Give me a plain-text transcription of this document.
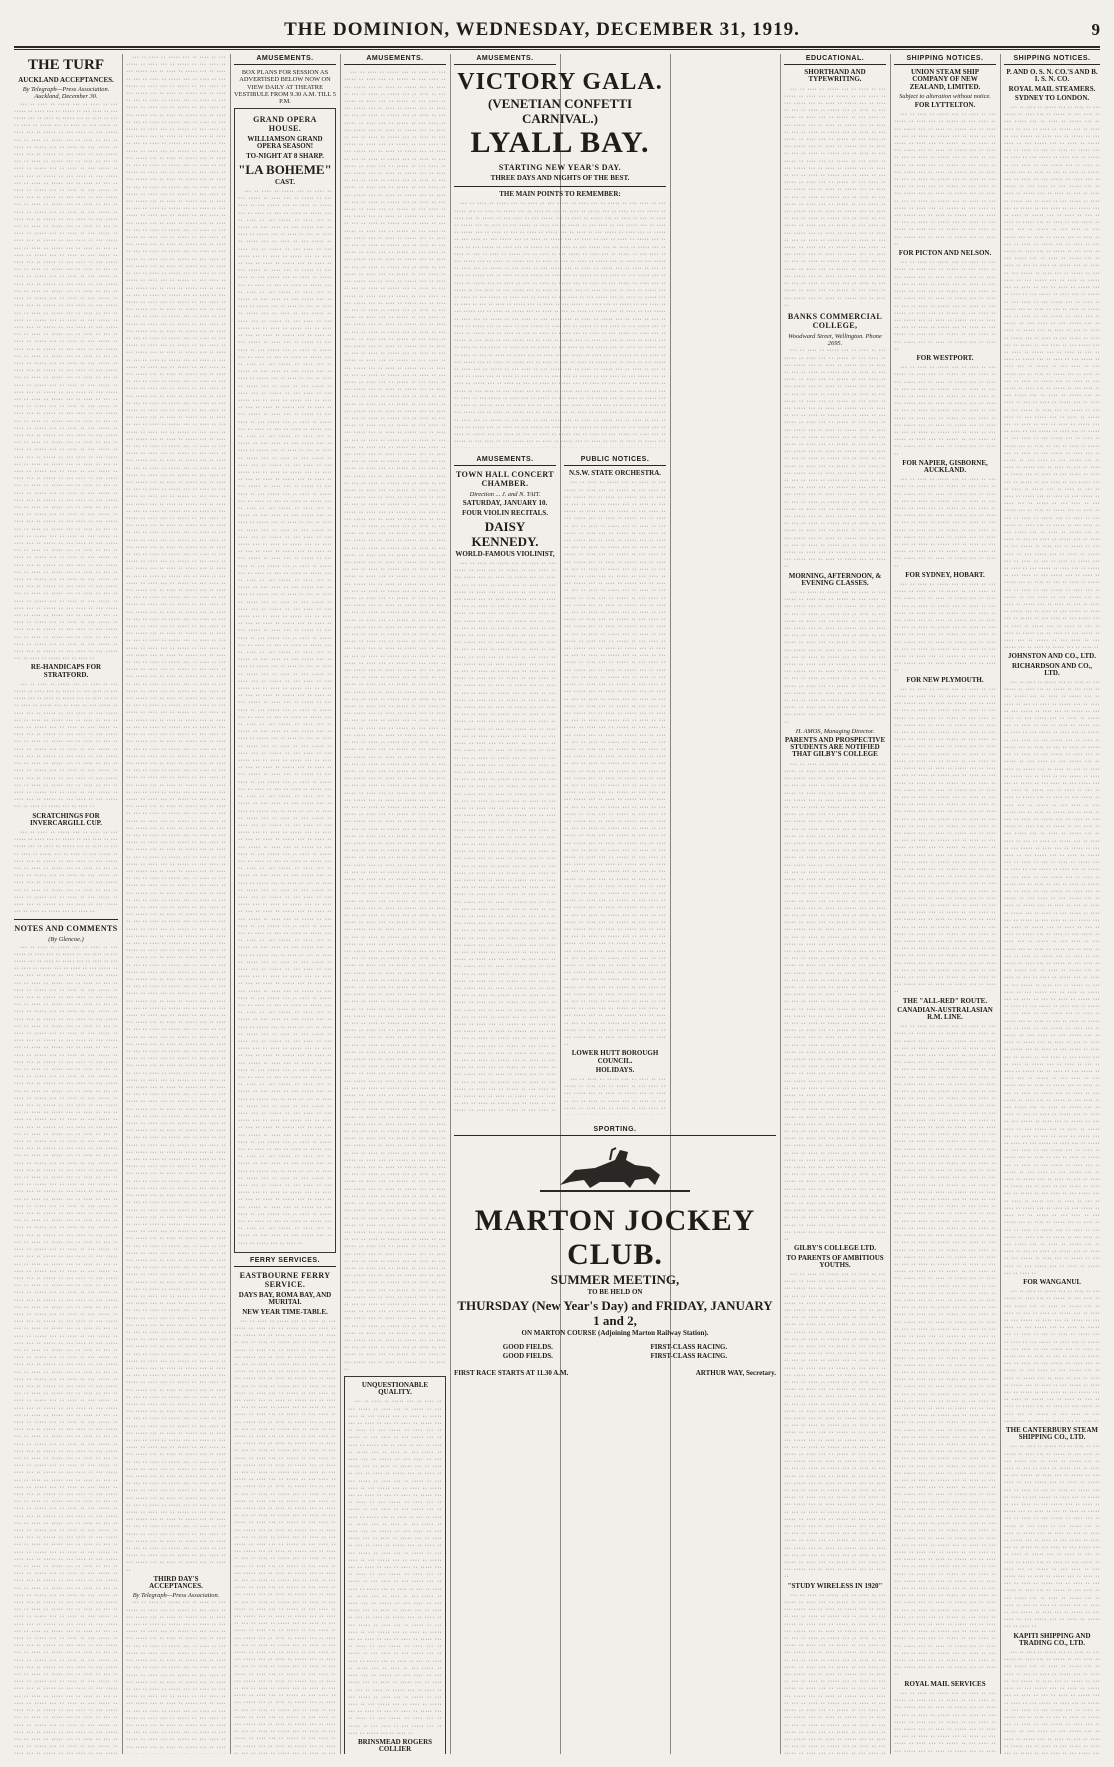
THE DOMINION, WEDNESDAY, DECEMBER 31, 1919.	9
THE TURF
AUCKLAND ACCEPTANCES.
By Telegraph—Press Association.
Auckland, December 30.

··· ·· ···· ·· ····· ··· ·· ···· ·· ··· ····· ·· ···· ··· ·· ····· ·· ··· ···· ·· ··· ····· ··· ·· ···· ·· ····· ··· ·· ···· ·· ··· ·· ···· ·· ····· ··· ·· ···· ·· ··· ····· ·· ···· ··· ·· ····· ·· ··· ···· ·· ··· ····· ··· ·· ···· ·· ····· ··· ·· ···· ·· ··· ·· ···· ·· ····· ··· ·· ···· ·· ··· ····· ·· ···· ··· ·· ····· ·· ··· ···· ·· ··· ····· ··· ·· ···· ·· ····· ··· ·· ···· ·· ··· ·· ···· ·· ····· ··· ·· ···· ·· ··· ····· ·· ···· ··· ·· ····· ·· ··· ···· ·· ··· ····· ··· ·· ···· ·· ····· ··· ·· ···· ·· ··· ·· ···· ·· ····· ··· ·· ···· ·· ··· ····· ·· ···· ··· ·· ····· ·· ··· ···· ·· ··· ····· ··· ·· ···· ·· ····· ··· ·· ···· ·· ··· ·· ···· ·· ····· ··· ·· ···· ·· ··· ····· ·· ···· ··· ·· ····· ·· ··· ···· ·· ··· ····· ··· ·· ···· ·· ····· ··· ·· ···· ·· ··· ·· ···· ·· ····· ··· ·· ···· ·· ··· ····· ·· ···· ··· ·· ····· ·· ··· ···· ·· ··· ····· ··· ·· ···· ·· ····· ··· ·· ···· ·· ··· ·· ···· ·· ····· ··· ·· ···· ·· ··· ····· ·· ···· ··· ·· ····· ·· ··· ···· ·· ··· ····· ··· ·· ···· ·· ····· ··· ·· ···· ·· ··· ·· ···· ·· ····· ··· ·· ···· ·· ··· ····· ·· ···· ··· ·· ····· ·· ··· ···· ·· ··· ····· ··· ·· ···· ·· ····· ··· ·· ···· ·· ··· ·· ···· ·· ····· ··· ·· ···· ·· ··· ····· ·· ···· ··· ·· ····· ·· ··· ···· ·· ··· ····· ··· ·· ···· ·· ····· ··· ·· ···· ·· ··· ·· ···· ·· ····· ··· ·· ···· ·· ··· ····· ·· ···· ··· ·· ····· ·· ··· ···· ·· ··· ····· ··· ·· ···· ·· ····· ··· ·· ···· ·· ··· ·· ···· ·· ····· ··· ·· ···· ·· ··· ····· ·· ···· ··· ·· ····· ·· ··· ···· ·· ··· ····· ··· ·· ···· ·· ····· ··· ·· ···· ·· ··· ·· ···· ·· ····· ··· ·· ···· ·· ··· ····· ·· ···· ··· ·· ····· ·· ··· ···· ·· ··· ····· ··· ·· ···· ·· ····· ··· ·· ···· ·· ··· ·· ···· ·· ····· ··· ·· ···· ·· ··· ····· ·· ···· ··· ·· ····· ·· ··· ···· ·· ··· ····· ··· ·· ···· ·· ····· ··· ·· ···· ·· ··· ·· ···· ·· ····· ··· ·· ···· ·· ··· ····· ·· ···· ··· ·· ····· ·· ··· ···· ·· ··· ····· ··· ·· ···· ·· ····· ··· ·· ···· ·· ··· ·· ···· ·· ····· ··· ·· ···· ·· ··· ····· ·· ···· ··· ·· ····· ·· ··· ···· ·· ··· ····· ··· ·· ···· ·· ····· ··· ·· ···· ·· ··· ·· ···· ·· ····· ··· ·· ···· ·· ··· ····· ·· ···· ··· ·· ····· ·· ··· ···· ·· ··· ····· ··· ·· ···· ·· ····· ··· ·· ···· ·· ··· ·· ···· ·· ····· ··· ·· ···· ·· ··· ····· ·· ···· ··· ·· ····· ·· ··· ···· ·· ··· ····· ··· ·· ···· ·· ····· ··· ·· ···· ·· ··· ·· ···· ·· ····· ··· ·· ···· ·· ··· ····· ·· ···· ··· ·· ····· ·· ··· ···· ·· ··· ····· ··· ·· ···· ·· ····· ··· ·· ···· ·· ··· ·· ···· ·· ····· ··· ·· ···· ·· ··· ····· ·· ···· ··· ·· ····· ·· ··· ···· ·· ··· ····· ··· ·· ···· ·· ····· ··· ·· ···· ·· ··· ·· ···· ·· ····· ··· ·· ···· ·· ··· ····· ·· ···· ··· ·· ····· ·· ··· ···· ·· ··· ····· ··· ·· ···· ·· ····· ··· ·· ···· ·· ··· ·· ···· ·· ····· ··· ·· ···· ·· ··· ····· ·· ···· ··· ·· ····· ·· ··· ···· ·· ··· ····· ··· ·· ···· ·· ····· ··· ·· ···· ·· ··· ·· ···· ·· ····· ··· ·· ···· ·· ··· ····· ·· ···· ··· ·· ····· ·· ··· ···· ·· ··· ····· ··· ·· ···· ·· ····· ··· ·· ···· ·· ··· ·· ···· ·· ····· ··· ·· ···· ·· ··· ····· ·· ···· ··· ·· ····· ·· ··· ···· ·· ··· ····· ··· ·· ···· ·· ····· ··· ·· ···· ·· ··· ·· ···· ·· ····· ··· ·· ···· ·· ··· ····· ·· ···· ··· ·· ····· ·· ··· ···· ·· ··· ····· ··· ·· ···· ·· ····· ··· ·· ···· ·· ··· ·· ···· ·· ····· ··· ·· ···· ·· ··· ····· ·· ···· ··· ·· ····· ·· ··· ···· ·· ··· ····· ··· ·· ···· ·· ····· ··· ·· ···· ··

RE-HANDICAPS FOR STRATFORD.

··· ·· ···· ·· ····· ··· ·· ···· ·· ··· ····· ·· ···· ··· ·· ····· ·· ··· ···· ·· ··· ····· ··· ·· ···· ·· ····· ··· ·· ···· ·· ··· ·· ···· ·· ····· ··· ·· ···· ·· ··· ····· ·· ···· ··· ·· ····· ·· ··· ···· ·· ··· ····· ··· ·· ···· ·· ····· ··· ·· ···· ·· ··· ·· ···· ·· ····· ··· ·· ···· ·· ··· ····· ·· ···· ··· ·· ····· ·· ··· ···· ·· ··· ····· ··· ·· ···· ·· ····· ··· ·· ···· ·· ··· ·· ···· ·· ····· ··· ·· ···· ·· ··· ····· ·· ···· ··· ·· ····· ·· ··· ···· ·· ··· ····· ··· ·· ···· ·· ····· ··· ·· ···· ·· ··· ·· ···· ·· ····· ··· ·· ···· ·· ··· ····· ·· ···· ··· ·· ····· ·· ··· ···· ·· ··· ····· ··· ·· ···· ·· ····· ··· ·· ···· ·· ··· ·· ···· ·· ····· ··· ·· ···· ·· ··· ····· ·· ···· ··· ·· ····· ·· ··· ···· ·· ··· ····· ··· ·· ···· ·· ····· ··· ·· ···· ··

SCRATCHINGS FOR INVERCARGILL CUP.

··· ·· ···· ·· ····· ··· ·· ···· ·· ··· ····· ·· ···· ··· ·· ····· ·· ··· ···· ·· ··· ····· ··· ·· ···· ·· ····· ··· ·· ···· ·· ··· ·· ···· ·· ····· ··· ·· ···· ·· ··· ····· ·· ···· ··· ·· ····· ·· ··· ···· ·· ··· ····· ··· ·· ···· ·· ····· ··· ·· ···· ·· ··· ·· ···· ·· ····· ··· ·· ···· ·· ··· ····· ·· ···· ··· ·· ····· ·· ··· ···· ·· ··· ····· ··· ·· ···· ·· ····· ··· ·· ···· ·· ··· ·· ···· ·· ····· ··· ·· ···· ·· ··· ····· ·· ···· ··· ·· ····· ·· ··· ···· ·· ··· ····· ··· ·· ···· ·· ····· ··· ·· ···· ··

NOTES AND COMMENTS
(By Glencoe.)

··· ·· ···· ·· ····· ··· ·· ···· ·· ··· ····· ·· ···· ··· ·· ····· ·· ··· ···· ·· ··· ····· ··· ·· ···· ·· ····· ··· ·· ···· ·· ··· ·· ···· ·· ····· ··· ·· ···· ·· ··· ····· ·· ···· ··· ·· ····· ·· ··· ···· ·· ··· ····· ··· ·· ···· ·· ····· ··· ·· ···· ·· ··· ·· ···· ·· ····· ··· ·· ···· ·· ··· ····· ·· ···· ··· ·· ····· ·· ··· ···· ·· ··· ····· ··· ·· ···· ·· ····· ··· ·· ···· ·· ··· ·· ···· ·· ····· ··· ·· ···· ·· ··· ····· ·· ···· ··· ·· ····· ·· ··· ···· ·· ··· ····· ··· ·· ···· ·· ····· ··· ·· ···· ·· ··· ·· ···· ·· ····· ··· ·· ···· ·· ··· ····· ·· ···· ··· ·· ····· ·· ··· ···· ·· ··· ····· ··· ·· ···· ·· ····· ··· ·· ···· ·· ··· ·· ···· ·· ····· ··· ·· ···· ·· ··· ····· ·· ···· ··· ·· ····· ·· ··· ···· ·· ··· ····· ··· ·· ···· ·· ····· ··· ·· ···· ·· ··· ·· ···· ·· ····· ··· ·· ···· ·· ··· ····· ·· ···· ··· ·· ····· ·· ··· ···· ·· ··· ····· ··· ·· ···· ·· ····· ··· ·· ···· ·· ··· ·· ···· ·· ····· ··· ·· ···· ·· ··· ····· ·· ···· ··· ·· ····· ·· ··· ···· ·· ··· ····· ··· ·· ···· ·· ····· ··· ·· ···· ·· ··· ·· ···· ·· ····· ··· ·· ···· ·· ··· ····· ·· ···· ··· ·· ····· ·· ··· ···· ·· ··· ····· ··· ·· ···· ·· ····· ··· ·· ···· ·· ··· ·· ···· ·· ····· ··· ·· ···· ·· ··· ····· ·· ···· ··· ·· ····· ·· ··· ···· ·· ··· ····· ··· ·· ···· ·· ····· ··· ·· ···· ·· ··· ·· ···· ·· ····· ··· ·· ···· ·· ··· ····· ·· ···· ··· ·· ····· ·· ··· ···· ·· ··· ····· ··· ·· ···· ·· ····· ··· ·· ···· ·· ··· ·· ···· ·· ····· ··· ·· ···· ·· ··· ····· ·· ···· ··· ·· ····· ·· ··· ···· ·· ··· ····· ··· ·· ···· ·· ····· ··· ·· ···· ·· ··· ·· ···· ·· ····· ··· ·· ···· ·· ··· ····· ·· ···· ··· ·· ····· ·· ··· ···· ·· ··· ····· ··· ·· ···· ·· ····· ··· ·· ···· ·· ··· ·· ···· ·· ····· ··· ·· ···· ·· ··· ····· ·· ···· ··· ·· ····· ·· ··· ···· ·· ··· ····· ··· ·· ···· ·· ····· ··· ·· ···· ·· ··· ·· ···· ·· ····· ··· ·· ···· ·· ··· ····· ·· ···· ··· ·· ····· ·· ··· ···· ·· ··· ····· ··· ·· ···· ·· ····· ··· ·· ···· ·· ··· ·· ···· ·· ····· ··· ·· ···· ·· ··· ····· ·· ···· ··· ·· ····· ·· ··· ···· ·· ··· ····· ··· ·· ···· ·· ····· ··· ·· ···· ·· ··· ·· ···· ·· ····· ··· ·· ···· ·· ··· ····· ·· ···· ··· ·· ····· ·· ··· ···· ·· ··· ····· ··· ·· ···· ·· ····· ··· ·· ···· ·· ··· ·· ···· ·· ····· ··· ·· ···· ·· ··· ····· ·· ···· ··· ·· ····· ·· ··· ···· ·· ··· ····· ··· ·· ···· ·· ····· ··· ·· ···· ·· ··· ·· ···· ·· ····· ··· ·· ···· ·· ··· ····· ·· ···· ··· ·· ····· ·· ··· ···· ·· ··· ····· ··· ·· ···· ·· ····· ··· ·· ···· ·· ··· ·· ···· ·· ····· ··· ·· ···· ·· ··· ····· ·· ···· ··· ·· ····· ·· ··· ···· ·· ··· ····· ··· ·· ···· ·· ····· ··· ·· ···· ·· ··· ·· ···· ·· ····· ··· ·· ···· ·· ··· ····· ·· ···· ··· ·· ····· ·· ··· ···· ·· ··· ····· ··· ·· ···· ·· ····· ··· ·· ···· ·· ··· ·· ···· ·· ····· ··· ·· ···· ·· ··· ····· ·· ···· ··· ·· ····· ·· ··· ···· ·· ··· ····· ··· ·· ···· ·· ····· ··· ·· ···· ·· ··· ·· ···· ·· ····· ··· ·· ···· ·· ··· ····· ·· ···· ··· ·· ····· ·· ··· ···· ·· ··· ····· ··· ·· ···· ·· ····· ··· ·· ···· ·· ··· ·· ···· ·· ····· ··· ·· ···· ·· ··· ····· ·· ···· ··· ·· ····· ·· ··· ···· ·· ··· ····· ··· ·· ···· ·· ····· ··· ·· ···· ·· ··· ·· ···· ·· ····· ··· ·· ···· ·· ··· ····· ·· ···· ··· ·· ····· ·· ··· ···· ·· ··· ····· ··· ·· ···· ·· ····· ··· ·· ···· ·· ··· ·· ···· ·· ····· ··· ·· ···· ·· ··· ····· ·· ···· ··· ·· ····· ·· ··· ···· ·· ··· ····· ··· ·· ···· ·· ····· ··· ·· ···· ·· ··· ·· ···· ·· ····· ··· ·· ···· ·· ··· ····· ·· ···· ··· ·· ····· ·· ··· ···· ·· ··· ····· ··· ·· ···· ·· ····· ··· ·· ···· ·· ··· ·· ···· ·· ····· ··· ·· ···· ·· ··· ····· ·· ···· ··· ·· ····· ·· ··· ···· ·· ··· ····· ··· ·· ···· ·· ····· ··· ·· ···· ·· ··· ·· ···· ·· ····· ··· ·· ···· ·· ··· ····· ·· ···· ··· ·· ····· ·· ··· ···· ·· ··· ····· ··· ·· ···· ·· ····· ··· ·· ···· ·· ··· ·· ···· ·· ····· ··· ·· ···· ·· ··· ····· ·· ···· ··· ·· ····· ·· ··· ···· ·· ··· ····· ··· ·· ···· ·· ····· ··· ·· ···· ·· ··· ·· ···· ·· ····· ··· ·· ···· ·· ··· ····· ·· ···· ··· ·· ····· ·· ··· ···· ·· ··· ····· ··· ·· ···· ·· ····· ··· ·· ···· ·· ··· ·· ···· ·· ····· ··· ·· ···· ·· ··· ····· ·· ···· ··· ·· ····· ·· ··· ···· ·· ··· ····· ··· ·· ···· ·· ····· ··· ·· ···· ·· ··· ·· ···· ·· ····· ··· ·· ···· ·· ··· ····· ·· ···· ··· ·· ····· ·· ··· ···· ·· ··· ····· ··· ·· ···· ·· ····· ··· ·· ···· ·· ··· ·· ···· ·· ····· ··· ·· ···· ·· ··· ····· ·· ···· ··· ·· ····· ·· ··· ···· ·· ··· ····· ··· ·· ···· ·· ····· ··· ·· ···· ·· ··· ·· ···· ·· ····· ··· ·· ···· ·· ··· ····· ·· ···· ··· ·· ····· ·· ··· ···· ·· ··· ····· ··· ·· ···· ·· ····· ··· ·· ···· ·· ··· ·· ···· ·· ····· ··· ·· ···· ·· ··· ····· ·· ···· ··· ·· ····· ·· ··· ···· ·· ··· ····· ··· ·· ···· ·· ····· ··· ·· ···· ·· ··· ·· ···· ·· ····· ··· ·· ···· ·· ··· ····· ·· ···· ··· ·· ····· ·· ··· ···· ·· ··· ····· ··· ·· ···· ·· ····· ··· ·· ···· ·· ··· ·· ···· ·· ····· ··· ·· ···· ·· ··· ····· ·· ···· ··· ·· ····· ·· ··· ···· ·· ··· ·····

··· ·· ···· ·· ····· ··· ·· ···· ·· ··· ····· ·· ···· ··· ·· ····· ·· ··· ···· ·· ··· ····· ··· ·· ···· ·· ····· ··· ·· ···· ·· ··· ·· ···· ·· ····· ··· ·· ···· ·· ··· ····· ·· ···· ··· ·· ····· ·· ··· ···· ·· ··· ····· ··· ·· ···· ·· ····· ··· ·· ···· ·· ··· ·· ···· ·· ····· ··· ·· ···· ·· ··· ····· ·· ···· ··· ·· ····· ·· ··· ···· ·· ··· ····· ··· ·· ···· ·· ····· ··· ·· ···· ·· ··· ·· ···· ·· ····· ··· ·· ···· ·· ··· ····· ·· ···· ··· ·· ····· ·· ··· ···· ·· ··· ····· ··· ·· ···· ·· ····· ··· ·· ···· ·· ··· ·· ···· ·· ····· ··· ·· ···· ·· ··· ····· ·· ···· ··· ·· ····· ·· ··· ···· ·· ··· ····· ··· ·· ···· ·· ····· ··· ·· ···· ·· ··· ·· ···· ·· ····· ··· ·· ···· ·· ··· ····· ·· ···· ··· ·· ····· ·· ··· ···· ·· ··· ····· ··· ·· ···· ·· ····· ··· ·· ···· ·· ··· ·· ···· ·· ····· ··· ·· ···· ·· ··· ····· ·· ···· ··· ·· ····· ·· ··· ···· ·· ··· ····· ··· ·· ···· ·· ····· ··· ·· ···· ·· ··· ·· ···· ·· ····· ··· ·· ···· ·· ··· ····· ·· ···· ··· ·· ····· ·· ··· ···· ·· ··· ····· ··· ·· ···· ·· ····· ··· ·· ···· ·· ··· ·· ···· ·· ····· ··· ·· ···· ·· ··· ····· ·· ···· ··· ·· ····· ·· ··· ···· ·· ··· ····· ··· ·· ···· ·· ····· ··· ·· ···· ·· ··· ·· ···· ·· ····· ··· ·· ···· ·· ··· ····· ·· ···· ··· ·· ····· ·· ··· ···· ·· ··· ····· ··· ·· ···· ·· ····· ··· ·· ···· ·· ··· ·· ···· ·· ····· ··· ·· ···· ·· ··· ····· ·· ···· ··· ·· ····· ·· ··· ···· ·· ··· ····· ··· ·· ···· ·· ····· ··· ·· ···· ·· ··· ·· ···· ·· ····· ··· ·· ···· ·· ··· ····· ·· ···· ··· ·· ····· ·· ··· ···· ·· ··· ····· ··· ·· ···· ·· ····· ··· ·· ···· ·· ··· ·· ···· ·· ····· ··· ·· ···· ·· ··· ····· ·· ···· ··· ·· ····· ·· ··· ···· ·· ··· ····· ··· ·· ···· ·· ····· ··· ·· ···· ·· ··· ·· ···· ·· ····· ··· ·· ···· ·· ··· ····· ·· ···· ··· ·· ····· ·· ··· ···· ·· ··· ····· ··· ·· ···· ·· ····· ··· ·· ···· ·· ··· ·· ···· ·· ····· ··· ·· ···· ·· ··· ····· ·· ···· ··· ·· ····· ·· ··· ···· ·· ··· ····· ··· ·· ···· ·· ····· ··· ·· ···· ·· ··· ·· ···· ·· ····· ··· ·· ···· ·· ··· ····· ·· ···· ··· ·· ····· ·· ··· ···· ·· ··· ····· ··· ·· ···· ·· ····· ··· ·· ···· ·· ··· ·· ···· ·· ····· ··· ·· ···· ·· ··· ····· ·· ···· ··· ·· ····· ·· ··· ···· ·· ··· ····· ··· ·· ···· ·· ····· ··· ·· ···· ·· ··· ·· ···· ·· ····· ··· ·· ···· ·· ··· ····· ·· ···· ··· ·· ····· ·· ··· ···· ·· ··· ····· ··· ·· ···· ·· ····· ··· ·· ···· ·· ··· ·· ···· ·· ····· ··· ·· ···· ·· ··· ····· ·· ···· ··· ·· ····· ·· ··· ···· ·· ··· ····· ··· ·· ···· ·· ····· ··· ·· ···· ·· ··· ·· ···· ·· ····· ··· ·· ···· ·· ··· ····· ·· ···· ··· ·· ····· ·· ··· ···· ·· ··· ····· ··· ·· ···· ·· ····· ··· ·· ···· ·· ··· ·· ···· ·· ····· ··· ·· ···· ·· ··· ····· ·· ···· ··· ·· ····· ·· ··· ···· ·· ··· ····· ··· ·· ···· ·· ····· ··· ·· ···· ·· ··· ·· ···· ·· ····· ··· ·· ···· ·· ··· ····· ·· ···· ··· ·· ····· ·· ··· ···· ·· ··· ····· ··· ·· ···· ·· ····· ··· ·· ···· ·· ··· ·· ···· ·· ····· ··· ·· ···· ·· ··· ····· ·· ···· ··· ·· ····· ·· ··· ···· ·· ··· ····· ··· ·· ···· ·· ····· ··· ·· ···· ·· ··· ·· ···· ·· ····· ··· ·· ···· ·· ··· ····· ·· ···· ··· ·· ····· ·· ··· ···· ·· ··· ····· ··· ·· ···· ·· ····· ··· ·· ···· ·· ··· ·· ···· ·· ····· ··· ·· ···· ·· ··· ····· ·· ···· ··· ·· ····· ·· ··· ···· ·· ··· ····· ··· ·· ···· ·· ····· ··· ·· ···· ·· ··· ·· ···· ·· ····· ··· ·· ···· ·· ··· ····· ·· ···· ··· ·· ····· ·· ··· ···· ·· ··· ····· ··· ·· ···· ·· ····· ··· ·· ···· ·· ··· ·· ···· ·· ····· ··· ·· ···· ·· ··· ····· ·· ···· ··· ·· ····· ·· ··· ···· ·· ··· ····· ··· ·· ···· ·· ····· ··· ·· ···· ·· ··· ·· ···· ·· ····· ··· ·· ···· ·· ··· ····· ·· ···· ··· ·· ····· ·· ··· ···· ·· ··· ····· ··· ·· ···· ·· ····· ··· ·· ···· ·· ··· ·· ···· ·· ····· ··· ·· ···· ·· ··· ····· ·· ···· ··· ·· ····· ·· ··· ···· ·· ··· ····· ··· ·· ···· ·· ····· ··· ·· ···· ·· ··· ·· ···· ·· ····· ··· ·· ···· ·· ··· ····· ·· ···· ··· ·· ····· ·· ··· ···· ·· ··· ····· ··· ·· ···· ·· ····· ··· ·· ···· ·· ··· ·· ···· ·· ····· ··· ·· ···· ·· ··· ····· ·· ···· ··· ·· ····· ·· ··· ···· ·· ··· ····· ··· ·· ···· ·· ····· ··· ·· ···· ·· ··· ·· ···· ·· ····· ··· ·· ···· ·· ··· ····· ·· ···· ··· ·· ····· ·· ··· ···· ·· ··· ····· ··· ·· ···· ·· ····· ··· ·· ···· ·· ··· ·· ···· ·· ····· ··· ·· ···· ·· ··· ····· ·· ···· ··· ·· ····· ·· ··· ···· ·· ··· ····· ··· ·· ···· ·· ····· ··· ·· ···· ·· ··· ·· ···· ·· ····· ··· ·· ···· ·· ··· ····· ·· ···· ··· ·· ····· ·· ··· ···· ·· ··· ····· ··· ·· ···· ·· ····· ··· ·· ···· ·· ··· ·· ···· ·· ····· ··· ·· ···· ·· ··· ····· ·· ···· ··· ·· ····· ·· ··· ···· ·· ··· ····· ··· ·· ···· ·· ····· ··· ·· ···· ·· ··· ·· ···· ·· ····· ··· ·· ···· ·· ··· ····· ·· ···· ··· ·· ····· ·· ··· ···· ·· ··· ····· ··· ·· ···· ·· ····· ··· ·· ···· ·· ··· ·· ···· ·· ····· ··· ·· ···· ·· ··· ····· ·· ···· ··· ·· ····· ·· ··· ···· ·· ··· ····· ··· ·· ···· ·· ····· ··· ·· ···· ·· ··· ·· ···· ·· ····· ··· ·· ···· ·· ··· ····· ·· ···· ··· ·· ····· ·· ··· ···· ·· ··· ····· ··· ·· ···· ·· ····· ··· ·· ···· ·· ··· ·· ···· ·· ····· ··· ·· ···· ·· ··· ····· ·· ···· ··· ·· ····· ·· ··· ···· ·· ··· ····· ··· ·· ···· ·· ····· ··· ·· ···· ·· ··· ·· ···· ·· ····· ··· ·· ···· ·· ··· ····· ·· ···· ··· ·· ····· ·· ··· ···· ·· ··· ····· ··· ·· ···· ·· ····· ··· ·· ···· ·· ··· ·· ···· ·· ····· ··· ·· ···· ·· ··· ····· ·· ···· ··· ·· ····· ·· ··· ···· ·· ··· ····· ··· ·· ···· ·· ····· ··· ·· ···· ·· ··· ·· ···· ·· ····· ··· ·· ···· ·· ··· ····· ·· ···· ··· ·· ····· ·· ··· ···· ·· ··· ····· ··· ·· ···· ·· ····· ··· ·· ···· ·· ··· ·· ···· ·· ····· ··· ·· ···· ·· ··· ····· ·· ···· ··· ·· ····· ·· ··· ···· ·· ··· ····· ··· ·· ···· ·· ····· ··· ·· ···· ·· ··· ·· ···· ·· ····· ··· ·· ···· ·· ··· ····· ·· ···· ··· ·· ····· ·· ··· ···· ·· ··· ····· ··· ·· ···· ·· ····· ··· ·· ···· ·· ··· ·· ···· ·· ····· ··· ·· ···· ·· ··· ····· ·· ···· ··· ·· ····· ·· ··· ···· ·· ··· ····· ··· ·· ···· ·· ····· ··· ·· ···· ·· ··· ·· ···· ·· ····· ··· ·· ···· ·· ··· ····· ·· ···· ··· ·· ····· ·· ··· ···· ·· ··· ····· ··· ·· ···· ·· ····· ··· ·· ···· ·· ··· ·· ···· ·· ····· ··· ·· ···· ·· ··· ····· ·· ···· ··· ·· ····· ·· ··· ···· ·· ··· ····· ··· ·· ···· ·· ····· ··· ·· ···· ·· ··· ·· ···· ·· ····· ··· ·· ···· ·· ··· ····· ·· ···· ··· ·· ····· ·· ··· ···· ·· ··· ····· ··· ·· ···· ·· ····· ··· ·· ···· ·· ··· ·· ···· ·· ····· ··· ·· ···· ·· ··· ····· ·· ···· ··· ·· ····· ·· ··· ···· ·· ··· ····· ··· ·· ···· ·· ····· ··· ·· ···· ·· ··· ·· ···· ·· ····· ··· ·· ···· ·· ··· ····· ·· ···· ··· ·· ····· ·· ··· ···· ·· ··· ····· ··· ·· ···· ·· ····· ··· ·· ···· ·· ··· ·· ···· ·· ····· ··· ·· ···· ·· ··· ····· ·· ···· ··· ·· ····· ·· ··· ···· ·· ··· ····· ··· ·· ···· ·· ····· ··· ·· ···· ·· ··· ·· ···· ·· ····· ··· ·· ···· ·· ··· ····· ·· ···· ··· ·· ····· ·· ··· ···· ·· ··· ····· ··· ·· ···· ·· ····· ··· ·· ···· ·· ··· ·· ···· ·· ····· ··· ·· ···· ·· ··· ····· ·· ···· ··· ·· ····· ·· ··· ···· ·· ··· ····· ··· ·· ···· ·· ····· ··· ·· ···· ·· ··· ·· ···· ·· ····· ··· ·· ···· ·· ··· ····· ·· ···· ··· ·· ····· ·· ··· ···· ·· ··· ····· ··· ·· ···· ·· ····· ··· ·· ···· ·· ··· ·· ···· ·· ····· ··· ·· ···· ·· ··· ····· ·· ···· ··· ·· ····· ·· ··· ···· ·· ··· ····· ··· ·· ···· ·· ····· ··· ·· ···· ·· ··· ·· ···· ·· ····· ··· ·· ···· ·· ··· ····· ·· ···· ··· ·· ····· ·· ··· ···· ·· ··· ····· ··· ·· ···· ·· ····· ··· ·· ···· ·· ··· ·· ···· ·· ····· ··· ·· ···· ·· ··· ····· ·· ···· ··· ·· ····· ·· ··· ···· ·· ··· ····· ··· ·· ···· ·· ····· ··· ·· ···· ·· ··· ·· ···· ·· ····· ··· ·· ···· ·· ··· ····· ·· ···· ··· ·· ····· ·· ··· ···· ·· ··· ····· ··· ·· ···· ·· ····· ··· ·· ···· ·· ··· ·· ···· ·· ····· ··· ·· ···· ·· ··· ····· ·· ···· ··· ·· ····· ·· ··· ···· ·· ··· ····· ··· ·· ···· ·· ····· ··· ·· ···· ·· ··· ·· ···· ·· ····· ··· ·· ···· ·· ··· ····· ·· ···· ··· ·· ····· ·· ··· ···· ·· ··· ····· ··· ·· ···· ·· ····· ··· ·· ···· ·· ··· ·· ···· ·· ····· ··· ·· ···· ·· ··· ····· ·· ···· ··· ·· ····· ·· ··· ···· ·· ··· ····· ··· ·· ···· ·· ····· ··· ·· ···· ·· ··· ·· ···· ·· ····· ··· ·· ···· ·· ··· ····· ·· ···· ··· ·· ····· ·· ··· ···· ·· ··· ····· ··· ·· ···· ·· ····· ··· ·· ···· ·· ··· ·· ···· ·· ····· ··· ·· ···· ·· ··· ····· ·· ···· ··· ·· ····· ·· ··· ···· ·· ··· ····· ··· ·· ···· ·· ····· ··· ·· ···· ·· ··· ·· ···· ·· ····· ··· ·· ···· ·· ··· ····· ·· ···· ··· ·· ····· ·· ··· ···· ·· ··· ····· ··· ·· ···· ·· ····· ··· ·· ···· ·· ··· ·· ···· ·· ····· ··· ·· ···· ·· ··· ····· ·· ···· ··· ·· ····· ·· ··· ···· ·· ··· ····· ··· ·· ···· ·· ····· ··· ·· ···· ·· ··· ·· ···· ·· ····· ··· ·· ···· ·· ··· ····· ·· ···· ··· ·· ····· ·· ··· ···· ·· ··· ····· ··· ·· ···· ·· ····· ··· ·· ···· ·· ··· ·· ···· ·· ····· ··· ·· ···· ·· ··· ····· ·· ···· ··· ·· ····· ·· ··· ···· ·· ··· ····· ··· ·· ···· ·· ····· ··· ·· ···· ·· ··· ·· ···· ·· ····· ··· ·· ···· ·· ··· ····· ·· ···· ··· ·· ····· ·· ··· ···· ·· ··· ····· ··· ·· ···· ·· ····· ··· ·· ···· ·· ··· ·· ···· ·· ····· ··· ·· ···· ·· ··· ····· ·· ···· ··· ·· ····· ·· ··· ···· ·· ··· ····· ··· ·· ···· ·· ····· ··· ·· ···· ·· ··· ·· ···· ·· ····· ··· ·· ···· ·· ··· ····· ·· ···· ··· ·· ····· ·· ··· ···· ·· ··· ····· ··· ·· ···· ·· ····· ··· ·· ···· ··

THIRD DAY'S ACCEPTANCES.
By Telegraph—Press Association.

··· ·· ···· ·· ····· ··· ·· ···· ·· ··· ····· ·· ···· ··· ·· ····· ·· ··· ···· ·· ··· ····· ··· ·· ···· ·· ····· ··· ·· ···· ·· ··· ·· ···· ·· ····· ··· ·· ···· ·· ··· ····· ·· ···· ··· ·· ····· ·· ··· ···· ·· ··· ····· ··· ·· ···· ·· ····· ··· ·· ···· ·· ··· ·· ···· ·· ····· ··· ·· ···· ·· ··· ····· ·· ···· ··· ·· ····· ·· ··· ···· ·· ··· ····· ··· ·· ···· ·· ····· ··· ·· ···· ·· ··· ·· ···· ·· ····· ··· ·· ···· ·· ··· ····· ·· ···· ··· ·· ····· ·· ··· ···· ·· ··· ····· ··· ·· ···· ·· ····· ··· ·· ···· ·· ··· ·· ···· ·· ····· ··· ·· ···· ·· ··· ····· ·· ···· ··· ·· ····· ·· ··· ···· ·· ··· ····· ··· ·· ···· ·· ····· ··· ·· ···· ·· ··· ·· ···· ·· ····· ··· ·· ···· ·· ··· ····· ·· ···· ··· ·· ····· ·· ··· ···· ·· ··· ····· ··· ·· ···· ·· ····· ··· ·· ···· ·· ··· ·· ···· ·· ····· ··· ·· ···· ·· ··· ····· ·· ···· ··· ·· ····· ·· ··· ···· ·· ··· ····· ··· ·· ···· ·· ····· ··· ·· ····

AMUSEMENTS.
BOX PLANS FOR SESSION AS ADVERTISED BELOW NOW ON VIEW DAILY AT THEATRE VESTIBULE FROM 9.30 A.M. TILL 5 P.M.
GRAND OPERA HOUSE.
WILLIAMSON GRAND OPERA SEASON!
TO-NIGHT AT 8 SHARP.
"LA BOHEME"
CAST.

··· ·· ···· ·· ····· ··· ·· ···· ·· ··· ····· ·· ···· ··· ·· ····· ·· ··· ···· ·· ··· ····· ··· ·· ···· ·· ····· ··· ·· ···· ·· ··· ·· ···· ·· ····· ··· ·· ···· ·· ··· ····· ·· ···· ··· ·· ····· ·· ··· ···· ·· ··· ····· ··· ·· ···· ·· ····· ··· ·· ···· ·· ··· ·· ···· ·· ····· ··· ·· ···· ·· ··· ····· ·· ···· ··· ·· ····· ·· ··· ···· ·· ··· ····· ··· ·· ···· ·· ····· ··· ·· ···· ·· ··· ·· ···· ·· ····· ··· ·· ···· ·· ··· ····· ·· ···· ··· ·· ····· ·· ··· ···· ·· ··· ····· ··· ·· ···· ·· ····· ··· ·· ···· ·· ··· ·· ···· ·· ····· ··· ·· ···· ·· ··· ····· ·· ···· ··· ·· ····· ·· ··· ···· ·· ··· ····· ··· ·· ···· ·· ····· ··· ·· ···· ·· ··· ·· ···· ·· ····· ··· ·· ···· ·· ··· ····· ·· ···· ··· ·· ····· ·· ··· ···· ·· ··· ····· ··· ·· ···· ·· ····· ··· ·· ···· ·· ··· ·· ···· ·· ····· ··· ·· ···· ·· ··· ····· ·· ···· ··· ·· ····· ·· ··· ···· ·· ··· ····· ··· ·· ···· ·· ····· ··· ·· ···· ·· ··· ·· ···· ·· ····· ··· ·· ···· ·· ··· ····· ·· ···· ··· ·· ····· ·· ··· ···· ·· ··· ····· ··· ·· ···· ·· ····· ··· ·· ···· ·· ··· ·· ···· ·· ····· ··· ·· ···· ·· ··· ····· ·· ···· ··· ·· ····· ·· ··· ···· ·· ··· ····· ··· ·· ···· ·· ····· ··· ·· ···· ·· ··· ·· ···· ·· ····· ··· ·· ···· ·· ··· ····· ·· ···· ··· ·· ····· ·· ··· ···· ·· ··· ····· ··· ·· ···· ·· ····· ··· ·· ···· ·· ··· ·· ···· ·· ····· ··· ·· ···· ·· ··· ····· ·· ···· ··· ·· ····· ·· ··· ···· ·· ··· ····· ··· ·· ···· ·· ····· ··· ·· ···· ·· ··· ·· ···· ·· ····· ··· ·· ···· ·· ··· ····· ·· ···· ··· ·· ····· ·· ··· ···· ·· ··· ····· ··· ·· ···· ·· ····· ··· ·· ···· ·· ··· ·· ···· ·· ····· ··· ·· ···· ·· ··· ····· ·· ···· ··· ·· ····· ·· ··· ···· ·· ··· ····· ··· ·· ···· ·· ····· ··· ·· ···· ·· ··· ·· ···· ·· ····· ··· ·· ···· ·· ··· ····· ·· ···· ··· ·· ····· ·· ··· ···· ·· ··· ····· ··· ·· ···· ·· ····· ··· ·· ···· ·· ··· ·· ···· ·· ····· ··· ·· ···· ·· ··· ····· ·· ···· ··· ·· ····· ·· ··· ···· ·· ··· ····· ··· ·· ···· ·· ····· ··· ·· ···· ·· ··· ·· ···· ·· ····· ··· ·· ···· ·· ··· ····· ·· ···· ··· ·· ····· ·· ··· ···· ·· ··· ····· ··· ·· ···· ·· ····· ··· ·· ···· ·· ··· ·· ···· ·· ····· ··· ·· ···· ·· ··· ····· ·· ···· ··· ·· ····· ·· ··· ···· ·· ··· ····· ··· ·· ···· ·· ····· ··· ·· ···· ·· ··· ·· ···· ·· ····· ··· ·· ···· ·· ··· ····· ·· ···· ··· ·· ····· ·· ··· ···· ·· ··· ····· ··· ·· ···· ·· ····· ··· ·· ···· ·· ··· ·· ···· ·· ····· ··· ·· ···· ·· ··· ····· ·· ···· ··· ·· ····· ·· ··· ···· ·· ··· ····· ··· ·· ···· ·· ····· ··· ·· ···· ·· ··· ·· ···· ·· ····· ··· ·· ···· ·· ··· ····· ·· ···· ··· ·· ····· ·· ··· ···· ·· ··· ····· ··· ·· ···· ·· ····· ··· ·· ···· ·· ··· ·· ···· ·· ····· ··· ·· ···· ·· ··· ····· ·· ···· ··· ·· ····· ·· ··· ···· ·· ··· ····· ··· ·· ···· ·· ····· ··· ·· ···· ·· ··· ·· ···· ·· ····· ··· ·· ···· ·· ··· ····· ·· ···· ··· ·· ····· ·· ··· ···· ·· ··· ····· ··· ·· ···· ·· ····· ··· ·· ···· ·· ··· ·· ···· ·· ····· ··· ·· ···· ·· ··· ····· ·· ···· ··· ·· ····· ·· ··· ···· ·· ··· ····· ··· ·· ···· ·· ····· ··· ·· ···· ·· ··· ·· ···· ·· ····· ··· ·· ···· ·· ··· ····· ·· ···· ··· ·· ····· ·· ··· ···· ·· ··· ····· ··· ·· ···· ·· ····· ··· ·· ···· ·· ··· ·· ···· ·· ····· ··· ·· ···· ·· ··· ····· ·· ···· ··· ·· ····· ·· ··· ···· ·· ··· ····· ··· ·· ···· ·· ····· ··· ·· ···· ·· ··· ·· ···· ·· ····· ··· ·· ···· ·· ··· ····· ·· ···· ··· ·· ····· ·· ··· ···· ·· ··· ····· ··· ·· ···· ·· ····· ··· ·· ···· ·· ··· ·· ···· ·· ····· ··· ·· ···· ·· ··· ····· ·· ···· ··· ·· ····· ·· ··· ···· ·· ··· ····· ··· ·· ···· ·· ····· ··· ·· ···· ·· ··· ·· ···· ·· ····· ··· ·· ···· ·· ··· ····· ·· ···· ··· ·· ····· ·· ··· ···· ·· ··· ····· ··· ·· ···· ·· ····· ··· ·· ···· ·· ··· ·· ···· ·· ····· ··· ·· ···· ·· ··· ····· ·· ···· ··· ·· ····· ·· ··· ···· ·· ··· ····· ··· ·· ···· ·· ····· ··· ·· ···· ·· ··· ·· ···· ·· ····· ··· ·· ···· ·· ··· ····· ·· ···· ··· ·· ····· ·· ··· ···· ·· ··· ····· ··· ·· ···· ·· ····· ··· ·· ···· ·· ··· ·· ···· ·· ····· ··· ·· ···· ·· ··· ····· ·· ···· ··· ·· ····· ·· ··· ···· ·· ··· ····· ··· ·· ···· ·· ····· ··· ·· ···· ·· ··· ·· ···· ·· ····· ··· ·· ···· ·· ··· ····· ·· ···· ··· ·· ····· ·· ··· ···· ·· ··· ····· ··· ·· ···· ·· ····· ··· ·· ···· ·· ··· ·· ···· ·· ····· ··· ·· ···· ·· ··· ····· ·· ···· ··· ·· ····· ·· ··· ···· ·· ··· ····· ··· ·· ···· ·· ····· ··· ·· ···· ·· ··· ·· ···· ·· ····· ··· ·· ···· ·· ··· ····· ·· ···· ··· ·· ····· ·· ··· ···· ·· ··· ····· ··· ·· ···· ·· ····· ··· ·· ···· ·· ··· ·· ···· ·· ····· ··· ·· ···· ·· ··· ····· ·· ···· ··· ·· ····· ·· ··· ···· ·· ··· ····· ··· ·· ···· ·· ····· ··· ·· ···· ·· ··· ·· ···· ·· ····· ··· ·· ···· ·· ··· ····· ·· ···· ··· ·· ····· ·· ··· ···· ·· ··· ····· ··· ·· ···· ·· ····· ··· ·· ···· ·· ··· ·· ···· ·· ····· ··· ·· ···· ·· ··· ····· ·· ···· ··· ·· ····· ·· ··· ···· ·· ··· ····· ··· ·· ···· ·· ····· ··· ·· ···· ·· ··· ·· ···· ·· ····· ··· ·· ···· ·· ··· ····· ·· ···· ··· ·· ····· ·· ··· ···· ·· ··· ····· ··· ·· ···· ·· ····· ··· ·· ···· ·· ··· ·· ···· ·· ····· ··· ·· ···· ·· ··· ····· ·· ···· ··· ·· ····· ·· ··· ···· ·· ··· ····· ··· ·· ···· ·· ····· ··· ·· ···· ·· ··· ·· ···· ·· ····· ··· ·· ···· ·· ··· ····· ·· ···· ··· ·· ····· ·· ··· ···· ·· ··· ····· ··· ·· ···· ·· ····· ··· ·· ···· ·· ··· ·· ···· ·· ····· ··· ·· ···· ·· ··· ····· ·· ···· ··· ·· ····· ·· ··· ···· ·· ··· ····· ··· ·· ···· ·· ····· ··· ·· ···· ·· ··· ·· ···· ·· ····· ··· ·· ···· ·· ··· ····· ·· ···· ··· ·· ····· ·· ··· ···· ·· ··· ····· ··· ·· ···· ·· ····· ··· ·· ···· ·· ··· ·· ···· ·· ····· ··· ·· ···· ·· ··· ····· ·· ···· ··· ·· ····· ·· ··· ···· ·· ··· ····· ··· ·· ···· ·· ····· ··· ·· ···· ·· ··· ·· ···· ·· ····· ··· ·· ···· ·· ··· ····· ·· ···· ··· ·· ····· ·· ··· ···· ·· ··· ····· ··· ·· ···· ·· ····· ··· ·· ···· ··

FERRY SERVICES.
EASTBOURNE FERRY SERVICE.
DAYS BAY, ROMA BAY, AND MURITAI.
NEW YEAR TIME-TABLE.

··· ·· ···· ·· ····· ··· ·· ···· ·· ··· ····· ·· ···· ··· ·· ····· ·· ··· ···· ·· ··· ····· ··· ·· ···· ·· ····· ··· ·· ···· ·· ··· ·· ···· ·· ····· ··· ·· ···· ·· ··· ····· ·· ···· ··· ·· ····· ·· ··· ···· ·· ··· ····· ··· ·· ···· ·· ····· ··· ·· ···· ·· ··· ·· ···· ·· ····· ··· ·· ···· ·· ··· ····· ·· ···· ··· ·· ····· ·· ··· ···· ·· ··· ····· ··· ·· ···· ·· ····· ··· ·· ···· ·· ··· ·· ···· ·· ····· ··· ·· ···· ·· ··· ····· ·· ···· ··· ·· ····· ·· ··· ···· ·· ··· ····· ··· ·· ···· ·· ····· ··· ·· ···· ·· ··· ·· ···· ·· ····· ··· ·· ···· ·· ··· ····· ·· ···· ··· ·· ····· ·· ··· ···· ·· ··· ····· ··· ·· ···· ·· ····· ··· ·· ···· ·· ··· ·· ···· ·· ····· ··· ·· ···· ·· ··· ····· ·· ···· ··· ·· ····· ·· ··· ···· ·· ··· ····· ··· ·· ···· ·· ····· ··· ·· ···· ·· ··· ·· ···· ·· ····· ··· ·· ···· ·· ··· ····· ·· ···· ··· ·· ····· ·· ··· ···· ·· ··· ····· ··· ·· ···· ·· ····· ··· ·· ···· ·· ··· ·· ···· ·· ····· ··· ·· ···· ·· ··· ····· ·· ···· ··· ·· ····· ·· ··· ···· ·· ··· ····· ··· ·· ···· ·· ····· ··· ·· ···· ·· ··· ·· ···· ·· ····· ··· ·· ···· ·· ··· ····· ·· ···· ··· ·· ····· ·· ··· ···· ·· ··· ····· ··· ·· ···· ·· ····· ··· ·· ···· ·· ··· ·· ···· ·· ····· ··· ·· ···· ·· ··· ····· ·· ···· ··· ·· ····· ·· ··· ···· ·· ··· ····· ··· ·· ···· ·· ····· ··· ·· ···· ·· ··· ·· ···· ·· ····· ··· ·· ···· ·· ··· ····· ·· ···· ··· ·· ····· ·· ··· ···· ·· ··· ····· ··· ·· ···· ·· ····· ··· ·· ···· ·· ··· ·· ···· ·· ····· ··· ·· ···· ·· ··· ····· ·· ···· ··· ·· ····· ·· ··· ···· ·· ··· ····· ··· ·· ···· ·· ····· ··· ·· ···· ·· ··· ·· ···· ·· ····· ··· ·· ···· ·· ··· ····· ·· ···· ··· ·· ····· ·· ··· ···· ·· ··· ····· ··· ·· ···· ·· ····· ··· ·· ···· ·· ··· ·· ···· ·· ····· ··· ·· ···· ·· ··· ····· ·· ···· ··· ·· ····· ·· ··· ···· ·· ··· ····· ··· ·· ···· ·· ····· ··· ·· ···· ·· ··· ·· ···· ·· ····· ··· ·· ···· ·· ··· ····· ·· ···· ··· ·· ····· ·· ··· ···· ·· ··· ····· ··· ·· ···· ·· ····· ··· ·· ···· ·· ··· ·· ···· ·· ····· ··· ·· ···· ·· ··· ····· ·· ···· ··· ·· ····· ·· ··· ···· ·· ··· ····· ··· ·· ···· ·· ····· ··· ·· ···· ·· ··· ·· ···· ·· ····· ··· ·· ···· ·· ··· ····· ·· ···· ··· ·· ····· ·· ··· ···· ·· ··· ····· ··· ·· ···· ·· ····· ··· ·· ···· ·· ··· ·· ···· ·· ····· ··· ·· ···· ·· ··· ····· ·· ···· ··· ·· ····· ·· ··· ···· ·· ··· ····· ··· ·· ···· ·· ····· ··· ·· ···· ·· ··· ·· ···· ·· ····· ··· ·· ···· ·· ··· ····· ·· ···· ··· ·· ····· ·· ··· ···· ·· ··· ····· ··· ·· ···· ·· ····· ··· ·· ···· ·· ··· ·· ···· ·· ····· ··· ·· ···· ·· ··· ····· ·· ···· ··· ·· ····· ·· ··· ···· ·· ··· ····· ··· ·· ···· ·· ····· ··· ·· ···· ·· ··· ·· ···· ·· ····· ··· ·· ···· ·· ···

AMUSEMENTS.

··· ·· ···· ·· ····· ··· ·· ···· ·· ··· ····· ·· ···· ··· ·· ····· ·· ··· ···· ·· ··· ····· ··· ·· ···· ·· ····· ··· ·· ···· ·· ··· ·· ···· ·· ····· ··· ·· ···· ·· ··· ····· ·· ···· ··· ·· ····· ·· ··· ···· ·· ··· ····· ··· ·· ···· ·· ····· ··· ·· ···· ·· ··· ·· ···· ·· ····· ··· ·· ···· ·· ··· ····· ·· ···· ··· ·· ····· ·· ··· ···· ·· ··· ····· ··· ·· ···· ·· ····· ··· ·· ···· ·· ··· ·· ···· ·· ····· ··· ·· ···· ·· ··· ····· ·· ···· ··· ·· ····· ·· ··· ···· ·· ··· ····· ··· ·· ···· ·· ····· ··· ·· ···· ·· ··· ·· ···· ·· ····· ··· ·· ···· ·· ··· ····· ·· ···· ··· ·· ····· ·· ··· ···· ·· ··· ····· ··· ·· ···· ·· ····· ··· ·· ···· ·· ··· ·· ···· ·· ····· ··· ·· ···· ·· ··· ····· ·· ···· ··· ·· ····· ·· ··· ···· ·· ··· ····· ··· ·· ···· ·· ····· ··· ·· ···· ·· ··· ·· ···· ·· ····· ··· ·· ···· ·· ··· ····· ·· ···· ··· ·· ····· ·· ··· ···· ·· ··· ····· ··· ·· ···· ·· ····· ··· ·· ···· ·· ··· ·· ···· ·· ····· ··· ·· ···· ·· ··· ····· ·· ···· ··· ·· ····· ·· ··· ···· ·· ··· ····· ··· ·· ···· ·· ····· ··· ·· ···· ·· ··· ·· ···· ·· ····· ··· ·· ···· ·· ··· ····· ·· ···· ··· ·· ····· ·· ··· ···· ·· ··· ····· ··· ·· ···· ·· ····· ··· ·· ···· ·· ··· ·· ···· ·· ····· ··· ·· ···· ·· ··· ····· ·· ···· ··· ·· ····· ·· ··· ···· ·· ··· ····· ··· ·· ···· ·· ····· ··· ·· ···· ·· ··· ·· ···· ·· ····· ··· ·· ···· ·· ··· ····· ·· ···· ··· ·· ····· ·· ··· ···· ·· ··· ····· ··· ·· ···· ·· ····· ··· ·· ···· ·· ··· ·· ···· ·· ····· ··· ·· ···· ·· ··· ····· ·· ···· ··· ·· ····· ·· ··· ···· ·· ··· ····· ··· ·· ···· ·· ····· ··· ·· ···· ·· ··· ·· ···· ·· ····· ··· ·· ···· ·· ··· ····· ·· ···· ··· ·· ····· ·· ··· ···· ·· ··· ····· ··· ·· ···· ·· ····· ··· ·· ···· ·· ··· ·· ···· ·· ····· ··· ·· ···· ·· ··· ····· ·· ···· ··· ·· ····· ·· ··· ···· ·· ··· ····· ··· ·· ···· ·· ····· ··· ·· ···· ·· ··· ·· ···· ·· ····· ··· ·· ···· ·· ··· ····· ·· ···· ··· ·· ····· ·· ··· ···· ·· ··· ····· ··· ·· ···· ·· ····· ··· ·· ···· ·· ··· ·· ···· ·· ····· ··· ·· ···· ·· ··· ····· ·· ···· ··· ·· ····· ·· ··· ···· ·· ··· ····· ··· ·· ···· ·· ····· ··· ·· ···· ·· ··· ·· ···· ·· ····· ··· ·· ···· ·· ··· ····· ·· ···· ··· ·· ····· ·· ··· ···· ·· ··· ····· ··· ·· ···· ·· ····· ··· ·· ···· ·· ··· ·· ···· ·· ····· ··· ·· ···· ·· ··· ····· ·· ···· ··· ·· ····· ·· ··· ···· ·· ··· ····· ··· ·· ···· ·· ····· ··· ·· ···· ·· ··· ·· ···· ·· ····· ··· ·· ···· ·· ··· ····· ·· ···· ··· ·· ····· ·· ··· ···· ·· ··· ····· ··· ·· ···· ·· ····· ··· ·· ···· ·· ··· ·· ···· ·· ····· ··· ·· ···· ·· ··· ····· ·· ···· ··· ·· ····· ·· ··· ···· ·· ··· ····· ··· ·· ···· ·· ····· ··· ·· ···· ·· ··· ·· ···· ·· ····· ··· ·· ···· ·· ··· ····· ·· ···· ··· ·· ····· ·· ··· ···· ·· ··· ····· ··· ·· ···· ·· ····· ··· ·· ···· ·· ··· ·· ···· ·· ····· ··· ·· ···· ·· ··· ····· ·· ···· ··· ·· ····· ·· ··· ···· ·· ··· ····· ··· ·· ···· ·· ····· ··· ·· ···· ·· ··· ·· ···· ·· ····· ··· ·· ···· ·· ··· ····· ·· ···· ··· ·· ····· ·· ··· ···· ·· ··· ····· ··· ·· ···· ·· ····· ··· ·· ···· ·· ··· ·· ···· ·· ····· ··· ·· ···· ·· ··· ····· ·· ···· ··· ·· ····· ·· ··· ···· ·· ··· ····· ··· ·· ···· ·· ····· ··· ·· ···· ·· ··· ·· ···· ·· ····· ··· ·· ···· ·· ··· ····· ·· ···· ··· ·· ····· ·· ··· ···· ·· ··· ····· ··· ·· ···· ·· ····· ··· ·· ···· ·· ··· ·· ···· ·· ····· ··· ·· ···· ·· ··· ····· ·· ···· ··· ·· ····· ·· ··· ···· ·· ··· ····· ··· ·· ···· ·· ····· ··· ·· ···· ·· ··· ·· ···· ·· ····· ··· ·· ···· ·· ··· ····· ·· ···· ··· ·· ····· ·· ··· ···· ·· ··· ····· ··· ·· ···· ·· ····· ··· ·· ···· ·· ··· ·· ···· ·· ····· ··· ·· ···· ·· ··· ····· ·· ···· ··· ·· ····· ·· ··· ···· ·· ··· ····· ··· ·· ···· ·· ····· ··· ·· ···· ·· ··· ·· ···· ·· ····· ··· ·· ···· ·· ··· ····· ·· ···· ··· ·· ····· ·· ··· ···· ·· ··· ····· ··· ·· ···· ·· ····· ··· ·· ···· ·· ··· ·· ···· ·· ····· ··· ·· ···· ·· ··· ····· ·· ···· ··· ·· ····· ·· ··· ···· ·· ··· ····· ··· ·· ···· ·· ····· ··· ·· ···· ·· ··· ·· ···· ·· ····· ··· ·· ···· ·· ··· ····· ·· ···· ··· ·· ····· ·· ··· ···· ·· ··· ····· ··· ·· ···· ·· ····· ··· ·· ···· ·· ··· ·· ···· ·· ····· ··· ·· ···· ·· ··· ····· ·· ···· ··· ·· ····· ·· ··· ···· ·· ··· ····· ··· ·· ···· ·· ····· ··· ·· ···· ·· ··· ·· ···· ·· ····· ··· ·· ···· ·· ··· ····· ·· ···· ··· ·· ····· ·· ··· ···· ·· ··· ····· ··· ·· ···· ·· ····· ··· ·· ···· ·· ··· ·· ···· ·· ····· ··· ·· ···· ·· ··· ····· ·· ···· ··· ·· ····· ·· ··· ···· ·· ··· ····· ··· ·· ···· ·· ····· ··· ·· ···· ·· ··· ·· ···· ·· ····· ··· ·· ···· ·· ··· ····· ·· ···· ··· ·· ····· ·· ··· ···· ·· ··· ····· ··· ·· ···· ·· ····· ··· ·· ···· ·· ··· ·· ···· ·· ····· ··· ·· ···· ·· ··· ····· ·· ···· ··· ·· ····· ·· ··· ···· ·· ··· ····· ··· ·· ···· ·· ····· ··· ·· ···· ·· ··· ·· ···· ·· ····· ··· ·· ···· ·· ··· ····· ·· ···· ··· ·· ····· ·· ··· ···· ·· ··· ····· ··· ·· ···· ·· ····· ··· ·· ···· ·· ··· ·· ···· ·· ····· ··· ·· ···· ·· ··· ····· ·· ···· ··· ·· ····· ·· ··· ···· ·· ··· ····· ··· ·· ···· ·· ····· ··· ·· ···· ·· ··· ·· ···· ·· ····· ··· ·· ···· ·· ··· ····· ·· ···· ··· ·· ····· ·· ··· ···· ·· ··· ····· ··· ·· ···· ·· ····· ··· ·· ···· ·· ··· ·· ···· ·· ····· ··· ·· ···· ·· ··· ····· ·· ···· ··· ·· ····· ·· ··· ···· ·· ··· ····· ··· ·· ···· ·· ····· ··· ·· ···· ·· ··· ·· ···· ·· ····· ··· ·· ···· ·· ··· ····· ·· ···· ··· ·· ····· ·· ··· ···· ·· ··· ····· ··· ·· ···· ·· ····· ··· ·· ···· ·· ··· ·· ···· ·· ····· ··· ·· ···· ·· ··· ····· ·· ···· ··· ·· ····· ·· ··· ···· ·· ··· ····· ··· ·· ···· ·· ····· ··· ·· ···· ·· ··· ·· ···· ·· ····· ··· ·· ···· ·· ··· ····· ·· ···· ··· ·· ····· ·· ··· ···· ·· ··· ····· ··· ·· ···· ·· ····· ··· ·· ···· ·· ··· ·· ···· ·· ····· ··· ·· ···· ·· ··· ····· ·· ···· ··· ·· ····· ·· ··· ···· ·· ··· ····· ··· ·· ···· ·· ····· ··· ·· ···· ·· ··· ·· ···· ·· ····· ··· ·· ···· ·· ··· ····· ·· ···· ··· ·· ····· ·· ··· ···· ·· ··· ····· ··· ·· ···· ·· ····· ··· ·· ···· ·· ··· ·· ···· ·· ····· ··· ·· ···· ·· ··· ····· ·· ···· ··· ·· ····· ·· ··· ···· ·· ··· ····· ··· ·· ···· ·· ····· ··· ·· ···· ·· ··· ·· ···· ·· ····· ··· ·· ···· ·· ··· ····· ·· ···· ··· ·· ····· ·· ··· ···· ·· ··· ····· ··· ·· ···· ·· ····· ··· ·· ···· ·· ··· ·· ···· ·· ····· ··· ·· ···· ·· ··· ····· ·· ···· ··· ·· ····· ·· ··· ···· ·· ··· ····· ··· ·· ···· ·· ····· ··· ·· ···· ·· ··· ·· ···· ·· ····· ··· ·· ···· ·· ··· ····· ·· ···· ··· ·· ····· ·· ··· ···· ·· ··· ····· ··· ·· ···· ·· ····· ··· ·· ···· ·· ··· ·· ···· ·· ····· ··· ·· ···· ·· ··· ····· ·· ···· ··· ·· ····· ·· ··· ···· ·· ··· ····· ··· ·· ···· ·· ····· ··· ·· ···· ·· ··· ·· ···· ·· ····· ··· ·· ···· ·· ··· ····· ·· ···· ··· ·· ····· ·· ··· ···· ·· ··· ····· ··· ·· ···· ·· ····· ··· ·· ···· ·· ··· ·· ···· ·· ····· ··· ·· ···· ·· ··· ····· ·· ···· ··· ·· ····· ·· ··· ···· ·· ··· ····· ··· ·· ···· ·· ····· ··· ·· ···· ·· ··· ·· ···· ·· ····· ··· ·· ···· ·· ··· ····· ·· ···· ··· ·· ····· ·· ··· ···· ·· ··· ····· ··· ·· ···· ·· ····· ··· ·· ···· ·· ··· ·· ···· ·· ····· ··· ·· ···· ·· ··· ····· ·· ···· ··· ·· ····· ·· ··· ···· ·· ··· ····· ··· ·· ···· ·· ····· ··· ·· ···· ·· ··· ·· ···· ·· ····· ··· ·· ···· ·· ··· ····· ·· ···· ··· ·· ····· ·· ··· ···· ·· ··· ····· ··· ·· ···· ·· ····· ··· ·· ···· ·· ··· ·· ···· ·· ····· ··· ·· ···· ·· ··· ····· ·· ···· ··· ·· ····· ·· ··· ···· ·· ··· ····· ··· ·· ···· ·· ····· ··· ·· ···· ·· ··· ·· ···· ·· ····· ··· ·· ···· ·· ··· ····· ·· ···· ··· ·· ····· ·· ··· ···· ·· ··· ····· ··· ·· ···· ·· ····· ··· ·· ···· ·· ··· ·· ···· ·· ····· ··· ·· ···· ·· ··· ····· ·· ···· ··· ·· ····· ·· ··· ···· ·· ··· ····· ··· ·· ···· ·· ····· ··· ·· ···· ·· ··· ·· ···· ·· ····· ··· ·· ···· ·· ··· ····· ·· ···· ··· ·· ····· ·· ··· ···· ·· ··· ····· ··· ·· ···· ·· ····· ··· ·· ···· ·· ··· ·· ···· ·· ····· ··· ·· ···· ·· ··· ····· ·· ···· ··· ·· ····· ·· ··· ···· ·· ··· ····· ··· ·· ···· ·· ····· ··· ·· ···· ··

UNQUESTIONABLE QUALITY.

··· ·· ···· ·· ····· ··· ·· ···· ·· ··· ····· ·· ···· ··· ·· ····· ·· ··· ···· ·· ··· ····· ··· ·· ···· ·· ····· ··· ·· ···· ·· ··· ·· ···· ·· ····· ··· ·· ···· ·· ··· ····· ·· ···· ··· ·· ····· ·· ··· ···· ·· ··· ····· ··· ·· ···· ·· ····· ··· ·· ···· ·· ··· ·· ···· ·· ····· ··· ·· ···· ·· ··· ····· ·· ···· ··· ·· ····· ·· ··· ···· ·· ··· ····· ··· ·· ···· ·· ····· ··· ·· ···· ·· ··· ·· ···· ·· ····· ··· ·· ···· ·· ··· ····· ·· ···· ··· ·· ····· ·· ··· ···· ·· ··· ····· ··· ·· ···· ·· ····· ··· ·· ···· ·· ··· ·· ···· ·· ····· ··· ·· ···· ·· ··· ····· ·· ···· ··· ·· ····· ·· ··· ···· ·· ··· ····· ··· ·· ···· ·· ····· ··· ·· ···· ·· ··· ·· ···· ·· ····· ··· ·· ···· ·· ··· ····· ·· ···· ··· ·· ····· ·· ··· ···· ·· ··· ····· ··· ·· ···· ·· ····· ··· ·· ···· ·· ··· ·· ···· ·· ····· ··· ·· ···· ·· ··· ····· ·· ···· ··· ·· ····· ·· ··· ···· ·· ··· ····· ··· ·· ···· ·· ····· ··· ·· ···· ·· ··· ·· ···· ·· ····· ··· ·· ···· ·· ··· ····· ·· ···· ··· ·· ····· ·· ··· ···· ·· ··· ····· ··· ·· ···· ·· ····· ··· ·· ···· ·· ··· ·· ···· ·· ····· ··· ·· ···· ·· ··· ····· ·· ···· ··· ·· ····· ·· ··· ···· ·· ··· ····· ··· ·· ···· ·· ····· ··· ·· ···· ·· ··· ·· ···· ·· ····· ··· ·· ···· ·· ··· ····· ·· ···· ··· ·· ····· ·· ··· ···· ·· ··· ····· ··· ·· ···· ·· ····· ··· ·· ···· ·· ··· ·· ···· ·· ····· ··· ·· ···· ·· ··· ····· ·· ···· ··· ·· ····· ·· ··· ···· ·· ··· ····· ··· ·· ···· ·· ····· ··· ·· ···· ·· ··· ·· ···· ·· ····· ··· ·· ···· ·· ··· ····· ·· ···· ··· ·· ····· ·· ··· ···· ·· ··· ····· ··· ·· ···· ·· ····· ··· ·· ···· ·· ··· ·· ···· ·· ····· ··· ·· ···· ·· ··· ····· ·· ···· ··· ·· ····· ·· ··· ···· ·· ··· ····· ··· ·· ···· ·· ····· ··· ·· ···· ·· ··· ·· ···· ·· ····· ··· ·· ···· ·· ··· ····· ·· ···· ··· ·· ····· ·· ··· ···· ·· ··· ····· ··· ·· ···· ·· ····· ··· ·· ···· ··

BRINSMEAD ROGERS COLLIER

AMUSEMENTS.
VICTORY GALA.
(VENETIAN CONFETTI CARNIVAL.)
LYALL BAY.
STARTING NEW YEAR'S DAY.
THREE DAYS AND NIGHTS OF THE BEST.
THE MAIN POINTS TO REMEMBER:

··· ·· ···· ·· ····· ··· ·· ···· ·· ··· ····· ·· ···· ··· ·· ····· ·· ··· ···· ·· ··· ····· ··· ·· ···· ·· ····· ··· ·· ···· ·· ··· ·· ···· ·· ····· ··· ·· ···· ·· ··· ····· ·· ···· ··· ·· ····· ·· ··· ···· ·· ··· ····· ··· ·· ···· ·· ····· ··· ·· ···· ·· ··· ·· ···· ·· ····· ··· ·· ···· ·· ··· ····· ·· ···· ··· ·· ····· ·· ··· ···· ·· ··· ····· ··· ·· ···· ·· ····· ··· ·· ···· ·· ··· ·· ···· ·· ····· ··· ·· ···· ·· ··· ····· ·· ···· ··· ·· ····· ·· ··· ···· ·· ··· ····· ··· ·· ···· ·· ····· ··· ·· ···· ·· ··· ·· ···· ·· ····· ··· ·· ···· ·· ··· ····· ·· ···· ··· ·· ····· ·· ··· ···· ·· ··· ····· ··· ·· ···· ·· ····· ··· ·· ···· ·· ··· ·· ···· ·· ····· ··· ·· ···· ·· ··· ····· ·· ···· ··· ·· ····· ·· ··· ···· ·· ··· ····· ··· ·· ···· ·· ····· ··· ·· ···· ·· ··· ·· ···· ·· ····· ··· ·· ···· ·· ··· ····· ·· ···· ··· ·· ····· ·· ··· ···· ·· ··· ····· ··· ·· ···· ·· ····· ··· ·· ···· ·· ··· ·· ···· ·· ····· ··· ·· ···· ·· ··· ····· ·· ···· ··· ·· ····· ·· ··· ···· ·· ··· ····· ··· ·· ···· ·· ····· ··· ·· ···· ·· ··· ·· ···· ·· ····· ··· ·· ···· ·· ··· ····· ·· ···· ··· ·· ····· ·· ··· ···· ·· ··· ····· ··· ·· ···· ·· ····· ··· ·· ···· ·· ··· ·· ···· ·· ····· ··· ·· ···· ·· ··· ····· ·· ···· ··· ·· ····· ·· ··· ···· ·· ··· ····· ··· ·· ···· ·· ····· ··· ·· ···· ·· ··· ·· ···· ·· ····· ··· ·· ···· ·· ··· ····· ·· ···· ··· ·· ····· ·· ··· ···· ·· ··· ····· ··· ·· ···· ·· ····· ··· ·· ···· ·· ··· ·· ···· ·· ····· ··· ·· ···· ·· ··· ····· ·· ···· ··· ·· ····· ·· ··· ···· ·· ··· ····· ··· ·· ···· ·· ····· ··· ·· ···· ·· ··· ·· ···· ·· ····· ··· ·· ···· ·· ··· ····· ·· ···· ··· ·· ····· ·· ··· ···· ·· ··· ····· ··· ·· ···· ·· ····· ··· ·· ···· ·· ··· ·· ···· ·· ····· ··· ·· ···· ·· ··· ····· ·· ···· ··· ·· ····· ·· ··· ···· ·· ··· ····· ··· ·· ···· ·· ····· ··· ·· ···· ·· ··· ·· ···· ·· ····· ··· ·· ···· ·· ··· ····· ·· ···· ··· ·· ····· ·· ··· ···· ·· ··· ····· ··· ·· ···· ·· ····· ··· ·· ···· ·· ··· ·· ···· ·· ····· ··· ·· ···· ·· ··· ····· ·· ···· ··· ·· ····· ·· ··· ···· ·· ··· ····· ··· ·· ···· ·· ····· ··· ·· ···· ·· ··· ·· ···· ·· ····· ··· ·· ···· ·· ··· ····· ·· ···· ··· ·· ····· ·· ··· ···· ·· ··· ····· ··· ·· ···· ·· ····· ··· ·· ···· ·· ··· ·· ···· ·· ····· ··· ·· ···· ·· ··· ····· ·· ···· ··· ·· ····· ·· ··· ···· ·· ··· ····· ··· ·· ···· ·· ····· ··· ·· ···· ·· ··· ·· ···· ·· ····· ··· ·· ···· ·· ··· ····· ·· ···· ··· ·· ····· ·· ··· ···· ·· ··· ····· ··· ·· ···· ·· ····· ··· ·· ···· ·· ··· ·· ···· ·· ····· ··· ·· ···· ·· ··· ····· ·· ···· ··· ·· ····· ·· ··· ···· ·· ··· ····· ··· ·· ···· ·· ····· ··· ·· ···· ·· ··· ·· ···· ·· ····· ··· ·· ···· ·· ··· ····· ·· ···· ··· ·· ····· ·· ··· ···· ·· ··· ····· ··· ·· ···· ·· ····· ··· ·· ···· ·· ··· ·· ···· ·· ····· ··· ·· ···· ·· ··· ····· ·· ···· ··· ·· ····· ·· ··· ···· ·· ··· ····· ··· ·· ···· ·· ····· ··· ·· ···· ·· ··· ·· ···· ·· ····· ··· ·· ···· ·· ··· ····· ·· ···· ··· ·· ····· ·· ··· ···· ·· ··· ····· ··· ·· ···· ·· ····· ··· ·· ···· ·· ··· ·· ···· ·· ····· ··· ·· ···· ·· ··· ····· ·· ···· ··· ·· ····· ·· ··· ···· ·· ··· ····· ··· ·· ···· ·· ····· ··· ·· ···· ·· ··· ·· ···· ·· ····· ···

AMUSEMENTS.
TOWN HALL CONCERT CHAMBER.
Direction ... J. and N. TAIT.
SATURDAY, JANUARY 10.
FOUR VIOLIN RECITALS.
DAISY KENNEDY.
WORLD-FAMOUS VIOLINIST,

··· ·· ···· ·· ····· ··· ·· ···· ·· ··· ····· ·· ···· ··· ·· ····· ·· ··· ···· ·· ··· ····· ··· ·· ···· ·· ····· ··· ·· ···· ·· ··· ·· ···· ·· ····· ··· ·· ···· ·· ··· ····· ·· ···· ··· ·· ····· ·· ··· ···· ·· ··· ····· ··· ·· ···· ·· ····· ··· ·· ···· ·· ··· ·· ···· ·· ····· ··· ·· ···· ·· ··· ····· ·· ···· ··· ·· ····· ·· ··· ···· ·· ··· ····· ··· ·· ···· ·· ····· ··· ·· ···· ·· ··· ·· ···· ·· ····· ··· ·· ···· ·· ··· ····· ·· ···· ··· ·· ····· ·· ··· ···· ·· ··· ····· ··· ·· ···· ·· ····· ··· ·· ···· ·· ··· ·· ···· ·· ····· ··· ·· ···· ·· ··· ····· ·· ···· ··· ·· ····· ·· ··· ···· ·· ··· ····· ··· ·· ···· ·· ····· ··· ·· ···· ·· ··· ·· ···· ·· ····· ··· ·· ···· ·· ··· ····· ·· ···· ··· ·· ····· ·· ··· ···· ·· ··· ····· ··· ·· ···· ·· ····· ··· ·· ···· ·· ··· ·· ···· ·· ····· ··· ·· ···· ·· ··· ····· ·· ···· ··· ·· ····· ·· ··· ···· ·· ··· ····· ··· ·· ···· ·· ····· ··· ·· ···· ·· ··· ·· ···· ·· ····· ··· ·· ···· ·· ··· ····· ·· ···· ··· ·· ····· ·· ··· ···· ·· ··· ····· ··· ·· ···· ·· ····· ··· ·· ···· ·· ··· ·· ···· ·· ····· ··· ·· ···· ·· ··· ····· ·· ···· ··· ·· ····· ·· ··· ···· ·· ··· ····· ··· ·· ···· ·· ····· ··· ·· ···· ·· ··· ·· ···· ·· ····· ··· ·· ···· ·· ··· ····· ·· ···· ··· ·· ····· ·· ··· ···· ·· ··· ····· ··· ·· ···· ·· ····· ··· ·· ···· ·· ··· ·· ···· ·· ····· ··· ·· ···· ·· ··· ····· ·· ···· ··· ·· ····· ·· ··· ···· ·· ··· ····· ··· ·· ···· ·· ····· ··· ·· ···· ·· ··· ·· ···· ·· ····· ··· ·· ···· ·· ··· ····· ·· ···· ··· ·· ····· ·· ··· ···· ·· ··· ····· ··· ·· ···· ·· ····· ··· ·· ···· ·· ··· ·· ···· ·· ····· ··· ·· ···· ·· ··· ····· ·· ···· ··· ·· ····· ·· ··· ···· ·· ··· ····· ··· ·· ···· ·· ····· ··· ·· ···· ·· ··· ·· ···· ·· ····· ··· ·· ···· ·· ··· ····· ·· ···· ··· ·· ····· ·· ··· ···· ·· ··· ····· ··· ·· ···· ·· ····· ··· ·· ···· ·· ··· ·· ···· ·· ····· ··· ·· ···· ·· ··· ····· ·· ···· ··· ·· ····· ·· ··· ···· ·· ··· ····· ··· ·· ···· ·· ····· ··· ·· ···· ·· ··· ·· ···· ·· ····· ··· ·· ···· ·· ··· ····· ·· ···· ··· ·· ····· ·· ··· ···· ·· ··· ····· ··· ·· ···· ·· ····· ··· ·· ···· ·· ··· ·· ···· ·· ····· ··· ·· ···· ·· ··· ····· ·· ···· ··· ·· ····· ·· ··· ···· ·· ··· ····· ··· ·· ···· ·· ····· ··· ·· ···· ·· ··· ·· ···· ·· ····· ··· ·· ···· ·· ··· ····· ·· ···· ··· ·· ····· ·· ··· ···· ·· ··· ····· ··· ·· ···· ·· ····· ··· ·· ···· ·· ··· ·· ···· ·· ····· ··· ·· ···· ·· ··· ····· ·· ···· ··· ·· ····· ·· ··· ···· ·· ··· ····· ··· ·· ···· ·· ····· ··· ·· ···· ·· ··· ·· ···· ·· ····· ··· ·· ···· ·· ··· ····· ·· ···· ··· ·· ····· ·· ··· ···· ·· ··· ····· ··· ·· ···· ·· ····· ··· ·· ···· ·· ··· ·· ···· ·· ····· ··· ·· ···· ·· ··· ····· ·· ···· ··· ·· ····· ·· ··· ···· ·· ··· ····· ··· ·· ···· ·· ····· ··· ·· ···· ·· ··· ·· ···· ·· ····· ··· ·· ···· ·· ··· ····· ·· ···· ··· ·· ····· ·· ··· ···· ·· ··· ····· ··· ·· ···· ·· ····· ··· ·· ···· ·· ··· ·· ···· ·· ····· ··· ·· ···· ·· ··· ····· ·· ···· ··· ·· ····· ·· ··· ···· ·· ··· ····· ··· ·· ···· ·· ····· ··· ·· ···· ·· ··· ·· ···· ·· ····· ··· ·· ···· ·· ··· ····· ·· ···· ··· ·· ····· ·· ··· ···· ·· ··· ····· ··· ·· ···· ·· ····· ··· ·· ···· ·· ··· ·· ···· ·· ····· ··· ·· ···· ·· ··· ····· ·· ···· ··· ·· ····· ·· ··· ···· ·· ··· ····· ··· ·· ···· ·· ····· ··· ·· ···· ·· ··· ·· ···· ·· ····· ··· ·· ···· ·· ··· ····· ·· ···· ··· ·· ····· ·· ··· ···· ··

PUBLIC NOTICES.
N.S.W. STATE ORCHESTRA.

··· ·· ···· ·· ····· ··· ·· ···· ·· ··· ····· ·· ···· ··· ·· ····· ·· ··· ···· ·· ··· ····· ··· ·· ···· ·· ····· ··· ·· ···· ·· ··· ·· ···· ·· ····· ··· ·· ···· ·· ··· ····· ·· ···· ··· ·· ····· ·· ··· ···· ·· ··· ····· ··· ·· ···· ·· ····· ··· ·· ···· ·· ··· ·· ···· ·· ····· ··· ·· ···· ·· ··· ····· ·· ···· ··· ·· ····· ·· ··· ···· ·· ··· ····· ··· ·· ···· ·· ····· ··· ·· ···· ·· ··· ·· ···· ·· ····· ··· ·· ···· ·· ··· ····· ·· ···· ··· ·· ····· ·· ··· ···· ·· ··· ····· ··· ·· ···· ·· ····· ··· ·· ···· ·· ··· ·· ···· ·· ····· ··· ·· ···· ·· ··· ····· ·· ···· ··· ·· ····· ·· ··· ···· ·· ··· ····· ··· ·· ···· ·· ····· ··· ·· ···· ·· ··· ·· ···· ·· ····· ··· ·· ···· ·· ··· ····· ·· ···· ··· ·· ····· ·· ··· ···· ·· ··· ····· ··· ·· ···· ·· ····· ··· ·· ···· ·· ··· ·· ···· ·· ····· ··· ·· ···· ·· ··· ····· ·· ···· ··· ·· ····· ·· ··· ···· ·· ··· ····· ··· ·· ···· ·· ····· ··· ·· ···· ·· ··· ·· ···· ·· ····· ··· ·· ···· ·· ··· ····· ·· ···· ··· ·· ····· ·· ··· ···· ·· ··· ····· ··· ·· ···· ·· ····· ··· ·· ···· ·· ··· ·· ···· ·· ····· ··· ·· ···· ·· ··· ····· ·· ···· ··· ·· ····· ·· ··· ···· ·· ··· ····· ··· ·· ···· ·· ····· ··· ·· ···· ·· ··· ·· ···· ·· ····· ··· ·· ···· ·· ··· ····· ·· ···· ··· ·· ····· ·· ··· ···· ·· ··· ····· ··· ·· ···· ·· ····· ··· ·· ···· ·· ··· ·· ···· ·· ····· ··· ·· ···· ·· ··· ····· ·· ···· ··· ·· ····· ·· ··· ···· ·· ··· ····· ··· ·· ···· ·· ····· ··· ·· ···· ·· ··· ·· ···· ·· ····· ··· ·· ···· ·· ··· ····· ·· ···· ··· ·· ····· ·· ··· ···· ·· ··· ····· ··· ·· ···· ·· ····· ··· ·· ···· ·· ··· ·· ···· ·· ····· ··· ·· ···· ·· ··· ····· ·· ···· ··· ·· ····· ·· ··· ···· ·· ··· ····· ··· ·· ···· ·· ····· ··· ·· ···· ·· ··· ·· ···· ·· ····· ··· ·· ···· ·· ··· ····· ·· ···· ··· ·· ····· ·· ··· ···· ·· ··· ····· ··· ·· ···· ·· ····· ··· ·· ···· ·· ··· ·· ···· ·· ····· ··· ·· ···· ·· ··· ····· ·· ···· ··· ·· ····· ·· ··· ···· ·· ··· ····· ··· ·· ···· ·· ····· ··· ·· ···· ·· ··· ·· ···· ·· ····· ··· ·· ···· ·· ··· ····· ·· ···· ··· ·· ····· ·· ··· ···· ·· ··· ····· ··· ·· ···· ·· ····· ··· ·· ···· ·· ··· ·· ···· ·· ····· ··· ·· ···· ·· ··· ····· ·· ···· ··· ·· ····· ·· ··· ···· ·· ··· ····· ··· ·· ···· ·· ····· ··· ·· ···· ·· ··· ·· ···· ·· ····· ··· ·· ···· ·· ··· ····· ·· ···· ··· ·· ····· ·· ··· ···· ·· ··· ····· ··· ·· ···· ·· ····· ··· ·· ···· ·· ··· ·· ···· ·· ····· ··· ·· ···· ·· ··· ····· ·· ···· ··· ·· ····· ·· ··· ···· ·· ··· ····· ··· ·· ···· ·· ····· ··· ·· ···· ·· ··· ·· ···· ·· ····· ··· ·· ···· ·· ··· ····· ·· ···· ··· ·· ····· ·· ··· ···· ·· ··· ····· ··· ·· ···· ·· ····· ··· ·· ···· ·· ··· ·· ···· ·· ····· ··· ·· ···· ·· ··· ····· ·· ···· ··· ·· ····· ·· ··· ···· ·· ··· ····· ··· ·· ···· ·· ····· ··· ·· ···· ·· ··· ·· ···· ·· ····· ··· ·· ···· ·· ··· ····· ·· ···· ··· ·· ····· ·· ··· ···· ·· ··· ····· ··· ·· ···· ·· ····· ··· ·· ···· ·· ··· ·· ···· ·· ····· ··· ·· ···· ·· ··· ····· ·· ···· ··· ·· ····· ·· ··· ···· ·· ··· ····· ··· ·· ···· ·· ····· ··· ·· ···· ·· ··· ·· ···· ·· ····· ··· ·· ···· ·· ··· ····· ·· ···· ··· ·· ····· ·· ··· ···· ·· ··· ····· ··· ·· ···· ·· ····· ··· ·· ···· ·· ··· ·· ···· ·· ····· ··· ·· ···· ·· ··· ····· ·· ···· ··· ·· ····· ·· ··· ···· ·· ··· ····· ··· ·· ···· ·· ····· ··· ·· ···· ·· ··· ·· ···· ·· ····· ··· ·· ···· ·· ··· ····· ·· ···· ··· ·· ····· ·· ··· ···· ·· ··· ····· ··· ·· ···· ·· ····· ··· ·· ···· ··

LOWER HUTT BOROUGH COUNCIL.
HOLIDAYS.

··· ·· ···· ·· ····· ··· ·· ···· ·· ··· ····· ·· ···· ··· ·· ····· ·· ··· ···· ·· ··· ····· ··· ·· ···· ·· ····· ··· ·· ···· ·· ··· ·· ···· ·· ····· ··· ·· ···· ·· ··· ····· ·· ···· ··· ·· ····· ·· ··· ···· ··

SPORTING.
MARTON JOCKEY CLUB.
SUMMER MEETING,
TO BE HELD ON
THURSDAY (New Year's Day) and FRIDAY, JANUARY 1 and 2,
ON MARTON COURSE (Adjoining Marton Railway Station).
GOOD FIELDS.
GOOD FIELDS.
FIRST-CLASS RACING.
FIRST-CLASS RACING.
FIRST RACE STARTS AT 11.30 A.M.	ARTHUR WAY, Secretary.
EDUCATIONAL.
SHORTHAND AND TYPEWRITING.

··· ·· ···· ·· ····· ··· ·· ···· ·· ··· ····· ·· ···· ··· ·· ····· ·· ··· ···· ·· ··· ····· ··· ·· ···· ·· ····· ··· ·· ···· ·· ··· ·· ···· ·· ····· ··· ·· ···· ·· ··· ····· ·· ···· ··· ·· ····· ·· ··· ···· ·· ··· ····· ··· ·· ···· ·· ····· ··· ·· ···· ·· ··· ·· ···· ·· ····· ··· ·· ···· ·· ··· ····· ·· ···· ··· ·· ····· ·· ··· ···· ·· ··· ····· ··· ·· ···· ·· ····· ··· ·· ···· ·· ··· ·· ···· ·· ····· ··· ·· ···· ·· ··· ····· ·· ···· ··· ·· ····· ·· ··· ···· ·· ··· ····· ··· ·· ···· ·· ····· ··· ·· ···· ·· ··· ·· ···· ·· ····· ··· ·· ···· ·· ··· ····· ·· ···· ··· ·· ····· ·· ··· ···· ·· ··· ····· ··· ·· ···· ·· ····· ··· ·· ···· ·· ··· ·· ···· ·· ····· ··· ·· ···· ·· ··· ····· ·· ···· ··· ·· ····· ·· ··· ···· ·· ··· ····· ··· ·· ···· ·· ····· ··· ·· ···· ·· ··· ·· ···· ·· ····· ··· ·· ···· ·· ··· ····· ·· ···· ··· ·· ····· ·· ··· ···· ·· ··· ····· ··· ·· ···· ·· ····· ··· ·· ···· ·· ··· ·· ···· ·· ····· ··· ·· ···· ·· ··· ····· ·· ···· ··· ·· ····· ·· ··· ···· ·· ··· ····· ··· ·· ···· ·· ····· ··· ·· ···· ·· ··· ·· ···· ·· ····· ··· ·· ···· ·· ··· ····· ·· ···· ··· ·· ····· ·· ··· ···· ·· ··· ····· ··· ·· ···· ·· ····· ··· ·· ···· ·· ··· ·· ···· ·· ····· ··· ·· ···· ·· ··· ····· ·· ···· ··· ·· ····· ·· ··· ···· ·· ··· ····· ··· ·· ···· ·· ····· ··· ·· ···· ··

BANKS COMMERCIAL COLLEGE,
Woodward Street, Wellington. Phone 2695.

··· ·· ···· ·· ····· ··· ·· ···· ·· ··· ····· ·· ···· ··· ·· ····· ·· ··· ···· ·· ··· ····· ··· ·· ···· ·· ····· ··· ·· ···· ·· ··· ·· ···· ·· ····· ··· ·· ···· ·· ··· ····· ·· ···· ··· ·· ····· ·· ··· ···· ·· ··· ····· ··· ·· ···· ·· ····· ··· ·· ···· ·· ··· ·· ···· ·· ····· ··· ·· ···· ·· ··· ····· ·· ···· ··· ·· ····· ·· ··· ···· ·· ··· ····· ··· ·· ···· ·· ····· ··· ·· ···· ·· ··· ·· ···· ·· ····· ··· ·· ···· ·· ··· ····· ·· ···· ··· ·· ····· ·· ··· ···· ·· ··· ····· ··· ·· ···· ·· ····· ··· ·· ···· ·· ··· ·· ···· ·· ····· ··· ·· ···· ·· ··· ····· ·· ···· ··· ·· ····· ·· ··· ···· ·· ··· ····· ··· ·· ···· ·· ····· ··· ·· ···· ·· ··· ·· ···· ·· ····· ··· ·· ···· ·· ··· ····· ·· ···· ··· ·· ····· ·· ··· ···· ·· ··· ····· ··· ·· ···· ·· ····· ··· ·· ···· ·· ··· ·· ···· ·· ····· ··· ·· ···· ·· ··· ····· ·· ···· ··· ·· ····· ·· ··· ···· ·· ··· ····· ··· ·· ···· ·· ····· ··· ·· ···· ·· ··· ·· ···· ·· ····· ··· ·· ···· ·· ··· ····· ·· ···· ··· ·· ····· ·· ··· ···· ·· ··· ····· ··· ·· ···· ·· ····· ··· ·· ···· ·· ··· ·· ···· ·· ····· ··· ·· ···· ·· ··· ····· ·· ···· ··· ·· ····· ·· ··· ···· ·· ··· ····· ··· ·· ···· ·· ····· ··· ·· ···· ·· ··· ·· ···· ·· ····· ··· ·· ···· ·· ··· ····· ·· ···· ··· ·· ····· ·· ··· ···· ·· ··· ····· ··· ·· ···· ·· ····· ··· ·· ···· ··

MORNING, AFTERNOON, & EVENING CLASSES.

··· ·· ···· ·· ····· ··· ·· ···· ·· ··· ····· ·· ···· ··· ·· ····· ·· ··· ···· ·· ··· ····· ··· ·· ···· ·· ····· ··· ·· ···· ·· ··· ·· ···· ·· ····· ··· ·· ···· ·· ··· ····· ·· ···· ··· ·· ····· ·· ··· ···· ·· ··· ····· ··· ·· ···· ·· ····· ··· ·· ···· ·· ··· ·· ···· ·· ····· ··· ·· ···· ·· ··· ····· ·· ···· ··· ·· ····· ·· ··· ···· ·· ··· ····· ··· ·· ···· ·· ····· ··· ·· ···· ·· ··· ·· ···· ·· ····· ··· ·· ···· ·· ··· ····· ·· ···· ··· ·· ····· ·· ··· ···· ·· ··· ····· ··· ·· ···· ·· ····· ··· ·· ···· ·· ··· ·· ···· ·· ····· ··· ·· ···· ·· ··· ····· ·· ···· ··· ·· ····· ·· ··· ···· ·· ··· ····· ··· ·· ···· ·· ····· ··· ·· ···· ·· ··· ·· ···· ·· ····· ··· ·· ···· ·· ··· ····· ·· ···· ··· ·· ····· ·· ··· ···· ·· ··· ····· ··· ·· ···· ·· ····· ··· ·· ···· ··

H. AMOS, Managing Director.
PARENTS AND PROSPECTIVE STUDENTS ARE NOTIFIED THAT GILBY'S COLLEGE

··· ·· ···· ·· ····· ··· ·· ···· ·· ··· ····· ·· ···· ··· ·· ····· ·· ··· ···· ·· ··· ····· ··· ·· ···· ·· ····· ··· ·· ···· ·· ··· ·· ···· ·· ····· ··· ·· ···· ·· ··· ····· ·· ···· ··· ·· ····· ·· ··· ···· ·· ··· ····· ··· ·· ···· ·· ····· ··· ·· ···· ·· ··· ·· ···· ·· ····· ··· ·· ···· ·· ··· ····· ·· ···· ··· ·· ····· ·· ··· ···· ·· ··· ····· ··· ·· ···· ·· ····· ··· ·· ···· ·· ··· ·· ···· ·· ····· ··· ·· ···· ·· ··· ····· ·· ···· ··· ·· ····· ·· ··· ···· ·· ··· ····· ··· ·· ···· ·· ····· ··· ·· ···· ·· ··· ·· ···· ·· ····· ··· ·· ···· ·· ··· ····· ·· ···· ··· ·· ····· ·· ··· ···· ·· ··· ····· ··· ·· ···· ·· ····· ··· ·· ···· ·· ··· ·· ···· ·· ····· ··· ·· ···· ·· ··· ····· ·· ···· ··· ·· ····· ·· ··· ···· ·· ··· ····· ··· ·· ···· ·· ····· ··· ·· ···· ·· ··· ·· ···· ·· ····· ··· ·· ···· ·· ··· ····· ·· ···· ··· ·· ····· ·· ··· ···· ·· ··· ····· ··· ·· ···· ·· ····· ··· ·· ···· ·· ··· ·· ···· ·· ····· ··· ·· ···· ·· ··· ····· ·· ···· ··· ·· ····· ·· ··· ···· ·· ··· ····· ··· ·· ···· ·· ····· ··· ·· ···· ·· ··· ·· ···· ·· ····· ··· ·· ···· ·· ··· ····· ·· ···· ··· ·· ····· ·· ··· ···· ·· ··· ····· ··· ·· ···· ·· ····· ··· ·· ···· ·· ··· ·· ···· ·· ····· ··· ·· ···· ·· ··· ····· ·· ···· ··· ·· ····· ·· ··· ···· ·· ··· ····· ··· ·· ···· ·· ····· ··· ·· ···· ·· ··· ·· ···· ·· ····· ··· ·· ···· ·· ··· ····· ·· ···· ··· ·· ····· ·· ··· ···· ·· ··· ····· ··· ·· ···· ·· ····· ··· ·· ···· ·· ··· ·· ···· ·· ····· ··· ·· ···· ·· ··· ····· ·· ···· ··· ·· ····· ·· ··· ···· ·· ··· ····· ··· ·· ···· ·· ····· ··· ·· ···· ·· ··· ·· ···· ·· ····· ··· ·· ···· ·· ··· ····· ·· ···· ··· ·· ····· ·· ··· ···· ·· ··· ····· ··· ·· ···· ·· ····· ··· ·· ···· ·· ··· ·· ···· ·· ····· ··· ·· ···· ·· ··· ····· ·· ···· ··· ·· ····· ·· ··· ···· ·· ··· ····· ··· ·· ···· ·· ····· ··· ·· ···· ·· ··· ·· ···· ·· ····· ··· ·· ···· ·· ··· ····· ·· ···· ··· ·· ····· ·· ··· ···· ·· ··· ····· ··· ·· ···· ·· ····· ··· ·· ···· ·· ··· ·· ···· ·· ····· ··· ·· ···· ·· ··· ····· ·· ···· ··· ·· ····· ·· ··· ···· ·· ··· ····· ··· ·· ···· ·· ····· ··· ·· ···· ·· ··· ·· ···· ·· ····· ··· ·· ···· ·· ··· ····· ·· ···· ··· ·· ····· ·· ··· ···· ·· ··· ····· ··· ·· ···· ·· ····· ··· ·· ···· ·· ··· ·· ···· ·· ····· ··· ·· ···· ·· ··· ····· ·· ···· ··· ·· ····· ·· ··· ···· ·· ··· ····· ··· ·· ···· ·· ····· ··· ·· ···· ·· ··· ·· ···· ·· ····· ··· ·· ···· ·· ··· ····· ·· ···· ··· ·· ····· ·· ··· ···· ·· ··· ····· ··· ·· ···· ·· ····· ··· ·· ···· ·· ··· ·· ···· ·· ····· ··· ·· ···· ·· ··· ····· ·· ···· ··· ·· ····· ·· ··· ···· ·· ··· ····· ··· ·· ···· ·· ····· ··· ·· ···· ·· ··· ·· ···· ·· ····· ··· ·· ···· ·· ··· ····· ·· ···· ··· ·· ····· ·· ··· ···· ·· ··· ····· ··· ·· ···· ·· ····· ··· ·· ···· ·· ··· ·· ···· ·· ····· ··· ·· ···· ·· ··· ····· ·· ···· ··· ·· ····· ·· ··· ···· ·· ··· ····· ··· ·· ···· ·· ····· ··· ·· ···· ··

GILBY'S COLLEGE LTD.
TO PARENTS OF AMBITIOUS YOUTHS.

··· ·· ···· ·· ····· ··· ·· ···· ·· ··· ····· ·· ···· ··· ·· ····· ·· ··· ···· ·· ··· ····· ··· ·· ···· ·· ····· ··· ·· ···· ·· ··· ·· ···· ·· ····· ··· ·· ···· ·· ··· ····· ·· ···· ··· ·· ····· ·· ··· ···· ·· ··· ····· ··· ·· ···· ·· ····· ··· ·· ···· ·· ··· ·· ···· ·· ····· ··· ·· ···· ·· ··· ····· ·· ···· ··· ·· ····· ·· ··· ···· ·· ··· ····· ··· ·· ···· ·· ····· ··· ·· ···· ·· ··· ·· ···· ·· ····· ··· ·· ···· ·· ··· ····· ·· ···· ··· ·· ····· ·· ··· ···· ·· ··· ····· ··· ·· ···· ·· ····· ··· ·· ···· ·· ··· ·· ···· ·· ····· ··· ·· ···· ·· ··· ····· ·· ···· ··· ·· ····· ·· ··· ···· ·· ··· ····· ··· ·· ···· ·· ····· ··· ·· ···· ·· ··· ·· ···· ·· ····· ··· ·· ···· ·· ··· ····· ·· ···· ··· ·· ····· ·· ··· ···· ·· ··· ····· ··· ·· ···· ·· ····· ··· ·· ···· ·· ··· ·· ···· ·· ····· ··· ·· ···· ·· ··· ····· ·· ···· ··· ·· ····· ·· ··· ···· ·· ··· ····· ··· ·· ···· ·· ····· ··· ·· ···· ·· ··· ·· ···· ·· ····· ··· ·· ···· ·· ··· ····· ·· ···· ··· ·· ····· ·· ··· ···· ·· ··· ····· ··· ·· ···· ·· ····· ··· ·· ···· ·· ··· ·· ···· ·· ····· ··· ·· ···· ·· ··· ····· ·· ···· ··· ·· ····· ·· ··· ···· ·· ··· ····· ··· ·· ···· ·· ····· ··· ·· ···· ·· ··· ·· ···· ·· ····· ··· ·· ···· ·· ··· ····· ·· ···· ··· ·· ····· ·· ··· ···· ·· ··· ····· ··· ·· ···· ·· ····· ··· ·· ···· ·· ··· ·· ···· ·· ····· ··· ·· ···· ·· ··· ····· ·· ···· ··· ·· ····· ·· ··· ···· ·· ··· ····· ··· ·· ···· ·· ····· ··· ·· ···· ·· ··· ·· ···· ·· ····· ··· ·· ···· ·· ··· ····· ·· ···· ··· ·· ····· ·· ··· ···· ·· ··· ····· ··· ·· ···· ·· ····· ··· ·· ···· ·· ··· ·· ···· ·· ····· ··· ·· ···· ·· ··· ····· ·· ···· ··· ·· ····· ·· ··· ···· ·· ··· ····· ··· ·· ···· ·· ····· ··· ·· ···· ·· ··· ·· ···· ·· ····· ··· ·· ···· ·· ··· ····· ·· ···· ··· ·· ····· ·· ··· ···· ·· ··· ····· ··· ·· ···· ·· ····· ··· ·· ···· ··

"STUDY WIRELESS IN 1920"

··· ·· ···· ·· ····· ··· ·· ···· ·· ··· ····· ·· ···· ··· ·· ····· ·· ··· ···· ·· ··· ····· ··· ·· ···· ·· ····· ··· ·· ···· ·· ··· ·· ···· ·· ····· ··· ·· ···· ·· ··· ····· ·· ···· ··· ·· ····· ·· ··· ···· ·· ··· ····· ··· ·· ···· ·· ····· ··· ·· ···· ·· ··· ·· ···· ·· ····· ··· ·· ···· ·· ··· ····· ·· ···· ··· ·· ····· ·· ··· ···· ·· ··· ····· ··· ·· ···· ·· ····· ··· ·· ···· ·· ··· ·· ···· ·· ····· ··· ·· ···· ·· ··· ····· ·· ···· ··· ·· ····· ·· ··· ···· ·· ··· ····· ··· ·· ···· ·· ····· ··· ·· ···· ·· ··· ·· ···· ·· ····· ··· ·· ···· ·· ··· ····· ·· ···· ··· ·· ····· ·· ··· ···· ·· ··· ····· ··· ·· ···· ·· ····· ··· ·· ···· ·· ··· ·· ···· ·· ····· ··· ·· ···· ·· ··· ····· ·· ···· ··· ·· ····· ·· ··· ···· ·· ··· ····· ··· ·· ···· ·· ····· ··· ·· ···· ·· ··· ·· ···· ·· ····· ··· ·· ···· ·· ··· ····· ·· ···· ··· ·· ····· ·· ··· ···· ·· ··· ····· ··· ·· ···· ·· ····· ··· ·· ···· ·· ··· ·· ···· ·· ····· ··· ·· ···· ·· ··· ····· ·· ···· ··· ·· ····· ·· ··· ···· ··

SHIPPING NOTICES.
UNION STEAM SHIP COMPANY OF NEW ZEALAND, LIMITED.
Subject to alteration without notice.
FOR LYTTELTON.

··· ·· ···· ·· ····· ··· ·· ···· ·· ··· ····· ·· ···· ··· ·· ····· ·· ··· ···· ·· ··· ····· ··· ·· ···· ·· ····· ··· ·· ···· ·· ··· ·· ···· ·· ····· ··· ·· ···· ·· ··· ····· ·· ···· ··· ·· ····· ·· ··· ···· ·· ··· ····· ··· ·· ···· ·· ····· ··· ·· ···· ·· ··· ·· ···· ·· ····· ··· ·· ···· ·· ··· ····· ·· ···· ··· ·· ····· ·· ··· ···· ·· ··· ····· ··· ·· ···· ·· ····· ··· ·· ···· ·· ··· ·· ···· ·· ····· ··· ·· ···· ·· ··· ····· ·· ···· ··· ·· ····· ·· ··· ···· ·· ··· ····· ··· ·· ···· ·· ····· ··· ·· ···· ·· ··· ·· ···· ·· ····· ··· ·· ···· ·· ··· ····· ·· ···· ··· ·· ····· ·· ··· ···· ·· ··· ····· ··· ·· ···· ·· ····· ··· ·· ···· ·· ··· ·· ···· ·· ····· ··· ·· ···· ·· ··· ····· ·· ···· ··· ·· ····· ·· ··· ···· ·· ··· ····· ··· ·· ···· ·· ····· ··· ·· ···· ··

FOR PICTON AND NELSON.

··· ·· ···· ·· ····· ··· ·· ···· ·· ··· ····· ·· ···· ··· ·· ····· ·· ··· ···· ·· ··· ····· ··· ·· ···· ·· ····· ··· ·· ···· ·· ··· ·· ···· ·· ····· ··· ·· ···· ·· ··· ····· ·· ···· ··· ·· ····· ·· ··· ···· ·· ··· ····· ··· ·· ···· ·· ····· ··· ·· ···· ·· ··· ·· ···· ·· ····· ··· ·· ···· ·· ··· ····· ·· ···· ··· ·· ····· ·· ··· ···· ·· ··· ····· ··· ·· ···· ·· ····· ··· ·· ···· ·· ··· ·· ···· ·· ····· ··· ·· ···· ·· ··· ····· ·· ···· ··· ·· ····· ·· ··· ···· ·· ··· ····· ··· ·· ···· ·· ····· ··· ·· ···· ··

FOR WESTPORT.

··· ·· ···· ·· ····· ··· ·· ···· ·· ··· ····· ·· ···· ··· ·· ····· ·· ··· ···· ·· ··· ····· ··· ·· ···· ·· ····· ··· ·· ···· ·· ··· ·· ···· ·· ····· ··· ·· ···· ·· ··· ····· ·· ···· ··· ·· ····· ·· ··· ···· ·· ··· ····· ··· ·· ···· ·· ····· ··· ·· ···· ·· ··· ·· ···· ·· ····· ··· ·· ···· ·· ··· ····· ·· ···· ··· ·· ····· ·· ··· ···· ·· ··· ····· ··· ·· ···· ·· ····· ··· ·· ···· ·· ··· ·· ···· ·· ····· ··· ·· ···· ·· ··· ····· ·· ···· ··· ·· ····· ·· ··· ···· ·· ··· ····· ··· ·· ···· ·· ····· ··· ·· ···· ··

FOR NAPIER, GISBORNE, AUCKLAND.

··· ·· ···· ·· ····· ··· ·· ···· ·· ··· ····· ·· ···· ··· ·· ····· ·· ··· ···· ·· ··· ····· ··· ·· ···· ·· ····· ··· ·· ···· ·· ··· ·· ···· ·· ····· ··· ·· ···· ·· ··· ····· ·· ···· ··· ·· ····· ·· ··· ···· ·· ··· ····· ··· ·· ···· ·· ····· ··· ·· ···· ·· ··· ·· ···· ·· ····· ··· ·· ···· ·· ··· ····· ·· ···· ··· ·· ····· ·· ··· ···· ·· ··· ····· ··· ·· ···· ·· ····· ··· ·· ···· ·· ··· ·· ···· ·· ····· ··· ·· ···· ·· ··· ····· ·· ···· ··· ·· ····· ·· ··· ···· ·· ··· ····· ··· ·· ···· ·· ····· ··· ·· ···· ··

FOR SYDNEY, HOBART.

··· ·· ···· ·· ····· ··· ·· ···· ·· ··· ····· ·· ···· ··· ·· ····· ·· ··· ···· ·· ··· ····· ··· ·· ···· ·· ····· ··· ·· ···· ·· ··· ·· ···· ·· ····· ··· ·· ···· ·· ··· ····· ·· ···· ··· ·· ····· ·· ··· ···· ·· ··· ····· ··· ·· ···· ·· ····· ··· ·· ···· ·· ··· ·· ···· ·· ····· ··· ·· ···· ·· ··· ····· ·· ···· ··· ·· ····· ·· ··· ···· ·· ··· ····· ··· ·· ···· ·· ····· ··· ·· ···· ·· ··· ·· ···· ·· ····· ··· ·· ···· ·· ··· ····· ·· ···· ··· ·· ····· ·· ··· ···· ·· ··· ····· ··· ·· ···· ·· ····· ··· ·· ···· ··

FOR NEW PLYMOUTH.

··· ·· ···· ·· ····· ··· ·· ···· ·· ··· ····· ·· ···· ··· ·· ····· ·· ··· ···· ·· ··· ····· ··· ·· ···· ·· ····· ··· ·· ···· ·· ··· ·· ···· ·· ····· ··· ·· ···· ·· ··· ····· ·· ···· ··· ·· ····· ·· ··· ···· ·· ··· ····· ··· ·· ···· ·· ····· ··· ·· ···· ·· ··· ·· ···· ·· ····· ··· ·· ···· ·· ··· ····· ·· ···· ··· ·· ····· ·· ··· ···· ·· ··· ····· ··· ·· ···· ·· ····· ··· ·· ···· ·· ··· ·· ···· ·· ····· ··· ·· ···· ·· ··· ····· ·· ···· ··· ·· ····· ·· ··· ···· ·· ··· ····· ··· ·· ···· ·· ····· ··· ·· ···· ·· ··· ·· ···· ·· ····· ··· ·· ···· ·· ··· ····· ·· ···· ··· ·· ····· ·· ··· ···· ·· ··· ····· ··· ·· ···· ·· ····· ··· ·· ···· ·· ··· ·· ···· ·· ····· ··· ·· ···· ·· ··· ····· ·· ···· ··· ·· ····· ·· ··· ···· ·· ··· ····· ··· ·· ···· ·· ····· ··· ·· ···· ·· ··· ·· ···· ·· ····· ··· ·· ···· ·· ··· ····· ·· ···· ··· ·· ····· ·· ··· ···· ·· ··· ····· ··· ·· ···· ·· ····· ··· ·· ···· ·· ··· ·· ···· ·· ····· ··· ·· ···· ·· ··· ····· ·· ···· ··· ·· ····· ·· ··· ···· ·· ··· ····· ··· ·· ···· ·· ····· ··· ·· ···· ·· ··· ·· ···· ·· ····· ··· ·· ···· ·· ··· ····· ·· ···· ··· ·· ····· ·· ··· ···· ·· ··· ····· ··· ·· ···· ·· ····· ··· ·· ···· ·· ··· ·· ···· ·· ····· ··· ·· ···· ·· ··· ····· ·· ···· ··· ·· ····· ·· ··· ···· ·· ··· ····· ··· ·· ···· ·· ····· ··· ·· ···· ·· ··· ·· ···· ·· ····· ··· ·· ···· ·· ··· ····· ·· ···· ··· ·· ····· ·· ··· ···· ·· ··· ····· ··· ·· ···· ·· ····· ··· ·· ···· ·· ··· ·· ···· ·· ····· ··· ·· ···· ·· ··· ····· ·· ···· ··· ·· ····· ·· ··· ···· ·· ··· ····· ··· ·· ···· ·· ····· ··· ·· ···· ·· ··· ·· ···· ·· ····· ··· ·· ···· ·· ··· ····· ·· ···· ··· ·· ····· ·· ··· ···· ·· ··· ····· ··· ·· ···· ·· ····· ··· ·· ···· ·· ··· ·· ···· ·· ····· ··· ·· ···· ·· ··· ····· ·· ···· ··· ·· ····· ·· ··· ···· ·· ··· ····· ··· ·· ···· ·· ····· ··· ·· ···· ··

THE "ALL-RED" ROUTE.
CANADIAN-AUSTRALASIAN R.M. LINE.

··· ·· ···· ·· ····· ··· ·· ···· ·· ··· ····· ·· ···· ··· ·· ····· ·· ··· ···· ·· ··· ····· ··· ·· ···· ·· ····· ··· ·· ···· ·· ··· ·· ···· ·· ····· ··· ·· ···· ·· ··· ····· ·· ···· ··· ·· ····· ·· ··· ···· ·· ··· ····· ··· ·· ···· ·· ····· ··· ·· ···· ·· ··· ·· ···· ·· ····· ··· ·· ···· ·· ··· ····· ·· ···· ··· ·· ····· ·· ··· ···· ·· ··· ····· ··· ·· ···· ·· ····· ··· ·· ···· ·· ··· ·· ···· ·· ····· ··· ·· ···· ·· ··· ····· ·· ···· ··· ·· ····· ·· ··· ···· ·· ··· ····· ··· ·· ···· ·· ····· ··· ·· ···· ·· ··· ·· ···· ·· ····· ··· ·· ···· ·· ··· ····· ·· ···· ··· ·· ····· ·· ··· ···· ·· ··· ····· ··· ·· ···· ·· ····· ··· ·· ···· ·· ··· ·· ···· ·· ····· ··· ·· ···· ·· ··· ····· ·· ···· ··· ·· ····· ·· ··· ···· ·· ··· ····· ··· ·· ···· ·· ····· ··· ·· ···· ·· ··· ·· ···· ·· ····· ··· ·· ···· ·· ··· ····· ·· ···· ··· ·· ····· ·· ··· ···· ·· ··· ····· ··· ·· ···· ·· ····· ··· ·· ···· ·· ··· ·· ···· ·· ····· ··· ·· ···· ·· ··· ····· ·· ···· ··· ·· ····· ·· ··· ···· ·· ··· ····· ··· ·· ···· ·· ····· ··· ·· ···· ·· ··· ·· ···· ·· ····· ··· ·· ···· ·· ··· ····· ·· ···· ··· ·· ····· ·· ··· ···· ·· ··· ····· ··· ·· ···· ·· ····· ··· ·· ···· ·· ··· ·· ···· ·· ····· ··· ·· ···· ·· ··· ····· ·· ···· ··· ·· ····· ·· ··· ···· ·· ··· ····· ··· ·· ···· ·· ····· ··· ·· ···· ·· ··· ·· ···· ·· ····· ··· ·· ···· ·· ··· ····· ·· ···· ··· ·· ····· ·· ··· ···· ·· ··· ····· ··· ·· ···· ·· ····· ··· ·· ···· ·· ··· ·· ···· ·· ····· ··· ·· ···· ·· ··· ····· ·· ···· ··· ·· ····· ·· ··· ···· ·· ··· ····· ··· ·· ···· ·· ····· ··· ·· ···· ·· ··· ·· ···· ·· ····· ··· ·· ···· ·· ··· ····· ·· ···· ··· ·· ····· ·· ··· ···· ·· ··· ····· ··· ·· ···· ·· ····· ··· ·· ···· ·· ··· ·· ···· ·· ····· ··· ·· ···· ·· ··· ····· ·· ···· ··· ·· ····· ·· ··· ···· ·· ··· ····· ··· ·· ···· ·· ····· ··· ·· ···· ·· ··· ·· ···· ·· ····· ··· ·· ···· ·· ··· ····· ·· ···· ··· ·· ····· ·· ··· ···· ·· ··· ····· ··· ·· ···· ·· ····· ··· ·· ···· ·· ··· ·· ···· ·· ····· ··· ·· ···· ·· ··· ····· ·· ···· ··· ·· ····· ·· ··· ···· ·· ··· ····· ··· ·· ···· ·· ····· ··· ·· ···· ·· ··· ·· ···· ·· ····· ··· ·· ···· ·· ··· ····· ·· ···· ··· ·· ····· ·· ··· ···· ·· ··· ····· ··· ·· ···· ·· ····· ··· ·· ···· ·· ··· ·· ···· ·· ····· ··· ·· ···· ·· ··· ····· ·· ···· ··· ·· ····· ·· ··· ···· ·· ··· ····· ··· ·· ···· ·· ····· ··· ·· ···· ·· ··· ·· ···· ·· ····· ··· ·· ···· ·· ··· ····· ·· ···· ··· ·· ····· ·· ··· ···· ·· ··· ····· ··· ·· ···· ·· ····· ··· ·· ···· ·· ··· ·· ···· ·· ····· ··· ·· ···· ·· ··· ····· ·· ···· ··· ·· ····· ·· ··· ···· ·· ··· ····· ··· ·· ···· ·· ····· ··· ·· ···· ·· ··· ·· ···· ·· ····· ··· ·· ···· ·· ··· ····· ·· ···· ··· ·· ····· ·· ··· ···· ·· ··· ····· ··· ·· ···· ·· ····· ··· ·· ···· ·· ··· ·· ···· ·· ····· ··· ·· ···· ·· ··· ····· ·· ···· ··· ·· ····· ·· ··· ···· ·· ··· ····· ··· ·· ···· ·· ····· ··· ·· ···· ·· ··· ·· ···· ·· ····· ··· ·· ···· ·· ··· ····· ·· ···· ··· ·· ····· ·· ··· ···· ·· ··· ····· ··· ·· ···· ·· ····· ··· ·· ···· ·· ··· ·· ···· ·· ····· ··· ·· ···· ·· ··· ····· ·· ···· ··· ·· ····· ·· ··· ···· ·· ··· ····· ··· ·· ···· ·· ····· ··· ·· ···· ·· ··· ·· ···· ·· ····· ··· ·· ···· ·· ··· ····· ·· ···· ··· ·· ····· ·· ··· ···· ·· ··· ····· ··· ·· ···· ·· ····· ··· ·· ···· ·· ··· ·· ···· ·· ····· ··· ·· ···· ·· ··· ····· ·· ···· ··· ·· ····· ·· ··· ···· ·· ··· ····· ··· ·· ···· ·· ····· ··· ·· ···· ·· ··· ·· ···· ·· ····· ··· ·· ···· ·· ··· ····· ·· ···· ··· ·· ····· ·· ··· ···· ·· ··· ····· ··· ·· ···· ·· ····· ··· ·· ···· ·· ··· ·· ···· ·· ····· ··· ·· ···· ·· ··· ····· ·· ···· ··· ·· ····· ·· ··· ···· ·· ··· ····· ··· ·· ···· ·· ····· ··· ·· ···· ·· ··· ·· ···· ·· ····· ··· ·· ···· ·· ··· ····· ·· ···· ··· ·· ····· ·· ··· ···· ·· ··· ····· ··· ·· ···· ·· ····· ··· ·· ···· ·· ··· ·· ···· ·· ····· ··· ·· ···· ·· ··· ····· ·· ···· ··· ·· ····· ·· ··· ···· ·· ··· ····· ··· ·· ···· ·· ····· ··· ·· ···· ··

ROYAL MAIL SERVICES

··· ·· ···· ·· ····· ··· ·· ···· ·· ··· ····· ·· ···· ··· ·· ····· ·· ··· ···· ·· ··· ····· ··· ·· ···· ·· ····· ··· ·· ···· ·· ··· ·· ···· ·· ····· ··· ·· ···· ·· ··· ····· ·· ···· ··· ·· ····· ·· ··· ···· ·· ··· ····· ··· ·· ···· ·· ····· ··· ·· ···· ·· ··· ·· ···· ·· ····· ··· ·· ···· ·· ··· ····· ·· ···· ··· ·· ····· ·· ··· ···· ·· ··· ····· ··· ·· ···· ·· ····· ··· ·· ····

SHIPPING NOTICES.
P. AND O. S. N. CO.'S AND B. I. S. N. CO.
ROYAL MAIL STEAMERS.
SYDNEY TO LONDON.

··· ·· ···· ·· ····· ··· ·· ···· ·· ··· ····· ·· ···· ··· ·· ····· ·· ··· ···· ·· ··· ····· ··· ·· ···· ·· ····· ··· ·· ···· ·· ··· ·· ···· ·· ····· ··· ·· ···· ·· ··· ····· ·· ···· ··· ·· ····· ·· ··· ···· ·· ··· ····· ··· ·· ···· ·· ····· ··· ·· ···· ·· ··· ·· ···· ·· ····· ··· ·· ···· ·· ··· ····· ·· ···· ··· ·· ····· ·· ··· ···· ·· ··· ····· ··· ·· ···· ·· ····· ··· ·· ···· ·· ··· ·· ···· ·· ····· ··· ·· ···· ·· ··· ····· ·· ···· ··· ·· ····· ·· ··· ···· ·· ··· ····· ··· ·· ···· ·· ····· ··· ·· ···· ·· ··· ·· ···· ·· ····· ··· ·· ···· ·· ··· ····· ·· ···· ··· ·· ····· ·· ··· ···· ·· ··· ····· ··· ·· ···· ·· ····· ··· ·· ···· ·· ··· ·· ···· ·· ····· ··· ·· ···· ·· ··· ····· ·· ···· ··· ·· ····· ·· ··· ···· ·· ··· ····· ··· ·· ···· ·· ····· ··· ·· ···· ·· ··· ·· ···· ·· ····· ··· ·· ···· ·· ··· ····· ·· ···· ··· ·· ····· ·· ··· ···· ·· ··· ····· ··· ·· ···· ·· ····· ··· ·· ···· ·· ··· ·· ···· ·· ····· ··· ·· ···· ·· ··· ····· ·· ···· ··· ·· ····· ·· ··· ···· ·· ··· ····· ··· ·· ···· ·· ····· ··· ·· ···· ·· ··· ·· ···· ·· ····· ··· ·· ···· ·· ··· ····· ·· ···· ··· ·· ····· ·· ··· ···· ·· ··· ····· ··· ·· ···· ·· ····· ··· ·· ···· ·· ··· ·· ···· ·· ····· ··· ·· ···· ·· ··· ····· ·· ···· ··· ·· ····· ·· ··· ···· ·· ··· ····· ··· ·· ···· ·· ····· ··· ·· ···· ·· ··· ·· ···· ·· ····· ··· ·· ···· ·· ··· ····· ·· ···· ··· ·· ····· ·· ··· ···· ·· ··· ····· ··· ·· ···· ·· ····· ··· ·· ···· ·· ··· ·· ···· ·· ····· ··· ·· ···· ·· ··· ····· ·· ···· ··· ·· ····· ·· ··· ···· ·· ··· ····· ··· ·· ···· ·· ····· ··· ·· ···· ·· ··· ·· ···· ·· ····· ··· ·· ···· ·· ··· ····· ·· ···· ··· ·· ····· ·· ··· ···· ·· ··· ····· ··· ·· ···· ·· ····· ··· ·· ···· ·· ··· ·· ···· ·· ····· ··· ·· ···· ·· ··· ····· ·· ···· ··· ·· ····· ·· ··· ···· ·· ··· ····· ··· ·· ···· ·· ····· ··· ·· ···· ·· ··· ·· ···· ·· ····· ··· ·· ···· ·· ··· ····· ·· ···· ··· ·· ····· ·· ··· ···· ·· ··· ····· ··· ·· ···· ·· ····· ··· ·· ···· ·· ··· ·· ···· ·· ····· ··· ·· ···· ·· ··· ····· ·· ···· ··· ·· ····· ·· ··· ···· ·· ··· ····· ··· ·· ···· ·· ····· ··· ·· ···· ·· ··· ·· ···· ·· ····· ··· ·· ···· ·· ··· ····· ·· ···· ··· ·· ····· ·· ··· ···· ·· ··· ····· ··· ·· ···· ·· ····· ··· ·· ···· ·· ··· ·· ···· ·· ····· ··· ·· ···· ·· ··· ····· ·· ···· ··· ·· ····· ·· ··· ···· ·· ··· ····· ··· ·· ···· ·· ····· ··· ·· ···· ·· ··· ·· ···· ·· ····· ··· ·· ···· ·· ··· ····· ·· ···· ··· ·· ····· ·· ··· ···· ·· ··· ····· ··· ·· ···· ·· ····· ··· ·· ···· ·· ··· ·· ···· ·· ····· ··· ·· ···· ·· ··· ····· ·· ···· ··· ·· ····· ·· ··· ···· ·· ··· ····· ··· ·· ···· ·· ····· ··· ·· ···· ·· ··· ·· ···· ·· ····· ··· ·· ···· ·· ··· ····· ·· ···· ··· ·· ····· ·· ··· ···· ·· ··· ····· ··· ·· ···· ·· ····· ··· ·· ···· ·· ··· ·· ···· ·· ····· ··· ·· ···· ·· ··· ····· ·· ···· ··· ·· ····· ·· ··· ···· ·· ··· ····· ··· ·· ···· ·· ····· ··· ·· ···· ·· ··· ·· ···· ·· ····· ··· ·· ···· ·· ··· ····· ·· ···· ··· ·· ····· ·· ··· ···· ·· ··· ····· ··· ·· ···· ·· ····· ··· ·· ···· ·· ··· ·· ···· ·· ····· ··· ·· ···· ·· ··· ····· ·· ···· ··· ·· ····· ·· ··· ···· ·· ··· ····· ··· ·· ···· ·· ····· ··· ·· ···· ··

JOHNSTON AND CO., LTD.
RICHARDSON AND CO., LTD.

··· ·· ···· ·· ····· ··· ·· ···· ·· ··· ····· ·· ···· ··· ·· ····· ·· ··· ···· ·· ··· ····· ··· ·· ···· ·· ····· ··· ·· ···· ·· ··· ·· ···· ·· ····· ··· ·· ···· ·· ··· ····· ·· ···· ··· ·· ····· ·· ··· ···· ·· ··· ····· ··· ·· ···· ·· ····· ··· ·· ···· ·· ··· ·· ···· ·· ····· ··· ·· ···· ·· ··· ····· ·· ···· ··· ·· ····· ·· ··· ···· ·· ··· ····· ··· ·· ···· ·· ····· ··· ·· ···· ·· ··· ·· ···· ·· ····· ··· ·· ···· ·· ··· ····· ·· ···· ··· ·· ····· ·· ··· ···· ·· ··· ····· ··· ·· ···· ·· ····· ··· ·· ···· ·· ··· ·· ···· ·· ····· ··· ·· ···· ·· ··· ····· ·· ···· ··· ·· ····· ·· ··· ···· ·· ··· ····· ··· ·· ···· ·· ····· ··· ·· ···· ·· ··· ·· ···· ·· ····· ··· ·· ···· ·· ··· ····· ·· ···· ··· ·· ····· ·· ··· ···· ·· ··· ····· ··· ·· ···· ·· ····· ··· ·· ···· ·· ··· ·· ···· ·· ····· ··· ·· ···· ·· ··· ····· ·· ···· ··· ·· ····· ·· ··· ···· ·· ··· ····· ··· ·· ···· ·· ····· ··· ·· ···· ·· ··· ·· ···· ·· ····· ··· ·· ···· ·· ··· ····· ·· ···· ··· ·· ····· ·· ··· ···· ·· ··· ····· ··· ·· ···· ·· ····· ··· ·· ···· ·· ··· ·· ···· ·· ····· ··· ·· ···· ·· ··· ····· ·· ···· ··· ·· ····· ·· ··· ···· ·· ··· ····· ··· ·· ···· ·· ····· ··· ·· ···· ·· ··· ·· ···· ·· ····· ··· ·· ···· ·· ··· ····· ·· ···· ··· ·· ····· ·· ··· ···· ·· ··· ····· ··· ·· ···· ·· ····· ··· ·· ···· ·· ··· ·· ···· ·· ····· ··· ·· ···· ·· ··· ····· ·· ···· ··· ·· ····· ·· ··· ···· ·· ··· ····· ··· ·· ···· ·· ····· ··· ·· ···· ·· ··· ·· ···· ·· ····· ··· ·· ···· ·· ··· ····· ·· ···· ··· ·· ····· ·· ··· ···· ·· ··· ····· ··· ·· ···· ·· ····· ··· ·· ···· ·· ··· ·· ···· ·· ····· ··· ·· ···· ·· ··· ····· ·· ···· ··· ·· ····· ·· ··· ···· ·· ··· ····· ··· ·· ···· ·· ····· ··· ·· ···· ·· ··· ·· ···· ·· ····· ··· ·· ···· ·· ··· ····· ·· ···· ··· ·· ····· ·· ··· ···· ·· ··· ····· ··· ·· ···· ·· ····· ··· ·· ···· ·· ··· ·· ···· ·· ····· ··· ·· ···· ·· ··· ····· ·· ···· ··· ·· ····· ·· ··· ···· ·· ··· ····· ··· ·· ···· ·· ····· ··· ·· ···· ·· ··· ·· ···· ·· ····· ··· ·· ···· ·· ··· ····· ·· ···· ··· ·· ····· ·· ··· ···· ·· ··· ····· ··· ·· ···· ·· ····· ··· ·· ···· ·· ··· ·· ···· ·· ····· ··· ·· ···· ·· ··· ····· ·· ···· ··· ·· ····· ·· ··· ···· ·· ··· ····· ··· ·· ···· ·· ····· ··· ·· ···· ·· ··· ·· ···· ·· ····· ··· ·· ···· ·· ··· ····· ·· ···· ··· ·· ····· ·· ··· ···· ·· ··· ····· ··· ·· ···· ·· ····· ··· ·· ···· ·· ··· ·· ···· ·· ····· ··· ·· ···· ·· ··· ····· ·· ···· ··· ·· ····· ·· ··· ···· ·· ··· ····· ··· ·· ···· ·· ····· ··· ·· ···· ·· ··· ·· ···· ·· ····· ··· ·· ···· ·· ··· ····· ·· ···· ··· ·· ····· ·· ··· ···· ·· ··· ····· ··· ·· ···· ·· ····· ··· ·· ···· ·· ··· ·· ···· ·· ····· ··· ·· ···· ·· ··· ····· ·· ···· ··· ·· ····· ·· ··· ···· ·· ··· ····· ··· ·· ···· ·· ····· ··· ·· ···· ·· ··· ·· ···· ·· ····· ··· ·· ···· ·· ··· ····· ·· ···· ··· ·· ····· ·· ··· ···· ·· ··· ····· ··· ·· ···· ·· ····· ··· ·· ···· ·· ··· ·· ···· ·· ····· ··· ·· ···· ·· ··· ····· ·· ···· ··· ·· ····· ·· ··· ···· ·· ··· ····· ··· ·· ···· ·· ····· ··· ·· ···· ·· ··· ·· ···· ·· ····· ··· ·· ···· ·· ··· ····· ·· ···· ··· ·· ····· ·· ··· ···· ·· ··· ····· ··· ·· ···· ·· ····· ··· ·· ···· ·· ··· ·· ···· ·· ····· ··· ·· ···· ·· ··· ····· ·· ···· ··· ·· ····· ·· ··· ···· ·· ··· ····· ··· ·· ···· ·· ····· ··· ·· ···· ·· ··· ·· ···· ·· ····· ··· ·· ···· ·· ··· ····· ·· ···· ··· ·· ····· ·· ··· ···· ·· ··· ····· ··· ·· ···· ·· ····· ··· ·· ···· ··

FOR WANGANUI.

··· ·· ···· ·· ····· ··· ·· ···· ·· ··· ····· ·· ···· ··· ·· ····· ·· ··· ···· ·· ··· ····· ··· ·· ···· ·· ····· ··· ·· ···· ·· ··· ·· ···· ·· ····· ··· ·· ···· ·· ··· ····· ·· ···· ··· ·· ····· ·· ··· ···· ·· ··· ····· ··· ·· ···· ·· ····· ··· ·· ···· ·· ··· ·· ···· ·· ····· ··· ·· ···· ·· ··· ····· ·· ···· ··· ·· ····· ·· ··· ···· ·· ··· ····· ··· ·· ···· ·· ····· ··· ·· ···· ·· ··· ·· ···· ·· ····· ··· ·· ···· ·· ··· ····· ·· ···· ··· ·· ····· ·· ··· ···· ·· ··· ····· ··· ·· ···· ·· ····· ··· ·· ···· ·· ··· ·· ···· ·· ····· ··· ·· ···· ·· ··· ····· ·· ···· ··· ·· ····· ·· ··· ···· ·· ··· ····· ··· ·· ···· ·· ····· ··· ·· ···· ·· ··· ·· ···· ·· ····· ··· ·· ···· ·· ··· ····· ·· ···· ··· ·· ····· ·· ··· ···· ·· ··· ····· ··· ·· ···· ·· ····· ··· ·· ···· ··

THE CANTERBURY STEAM SHIPPING CO., LTD.

··· ·· ···· ·· ····· ··· ·· ···· ·· ··· ····· ·· ···· ··· ·· ····· ·· ··· ···· ·· ··· ····· ··· ·· ···· ·· ····· ··· ·· ···· ·· ··· ·· ···· ·· ····· ··· ·· ···· ·· ··· ····· ·· ···· ··· ·· ····· ·· ··· ···· ·· ··· ····· ··· ·· ···· ·· ····· ··· ·· ···· ·· ··· ·· ···· ·· ····· ··· ·· ···· ·· ··· ····· ·· ···· ··· ·· ····· ·· ··· ···· ·· ··· ····· ··· ·· ···· ·· ····· ··· ·· ···· ·· ··· ·· ···· ·· ····· ··· ·· ···· ·· ··· ····· ·· ···· ··· ·· ····· ·· ··· ···· ·· ··· ····· ··· ·· ···· ·· ····· ··· ·· ···· ·· ··· ·· ···· ·· ····· ··· ·· ···· ·· ··· ····· ·· ···· ··· ·· ····· ·· ··· ···· ·· ··· ····· ··· ·· ···· ·· ····· ··· ·· ···· ·· ··· ·· ···· ·· ····· ··· ·· ···· ·· ··· ····· ·· ···· ··· ·· ····· ·· ··· ···· ·· ··· ····· ··· ·· ···· ·· ····· ··· ·· ···· ·· ··· ·· ···· ·· ····· ··· ·· ···· ·· ··· ····· ·· ···· ··· ·· ····· ·· ··· ···· ·· ··· ····· ··· ·· ···· ·· ····· ··· ·· ···· ·· ··· ·· ···· ·· ····· ··· ·· ···· ·· ··· ····· ·· ···· ··· ·· ····· ·· ··· ···· ·· ··· ····· ··· ·· ···· ·· ····· ··· ·· ···· ··

KAPITI SHIPPING AND TRADING CO., LTD.

··· ·· ···· ·· ····· ··· ·· ···· ·· ··· ····· ·· ···· ··· ·· ····· ·· ··· ···· ·· ··· ····· ··· ·· ···· ·· ····· ··· ·· ···· ·· ··· ·· ···· ·· ····· ··· ·· ···· ·· ··· ····· ·· ···· ··· ·· ····· ·· ··· ···· ·· ··· ····· ··· ·· ···· ·· ····· ··· ·· ···· ·· ··· ·· ···· ·· ····· ··· ·· ···· ·· ··· ····· ·· ···· ··· ·· ····· ·· ··· ···· ·· ··· ····· ··· ·· ···· ·· ····· ··· ·· ···· ·· ··· ·· ···· ·· ····· ··· ·· ···· ·· ··· ····· ·· ···· ··· ·· ····· ·· ··· ···· ·· ··· ····· ··· ·· ···· ·· ····· ··· ·· ···· ·· ··· ·· ···· ·· ····· ··· ·· ···· ·· ··· ····· ·· ···· ··· ·· ····· ·· ··· ···· ·· ··· ····· ···
